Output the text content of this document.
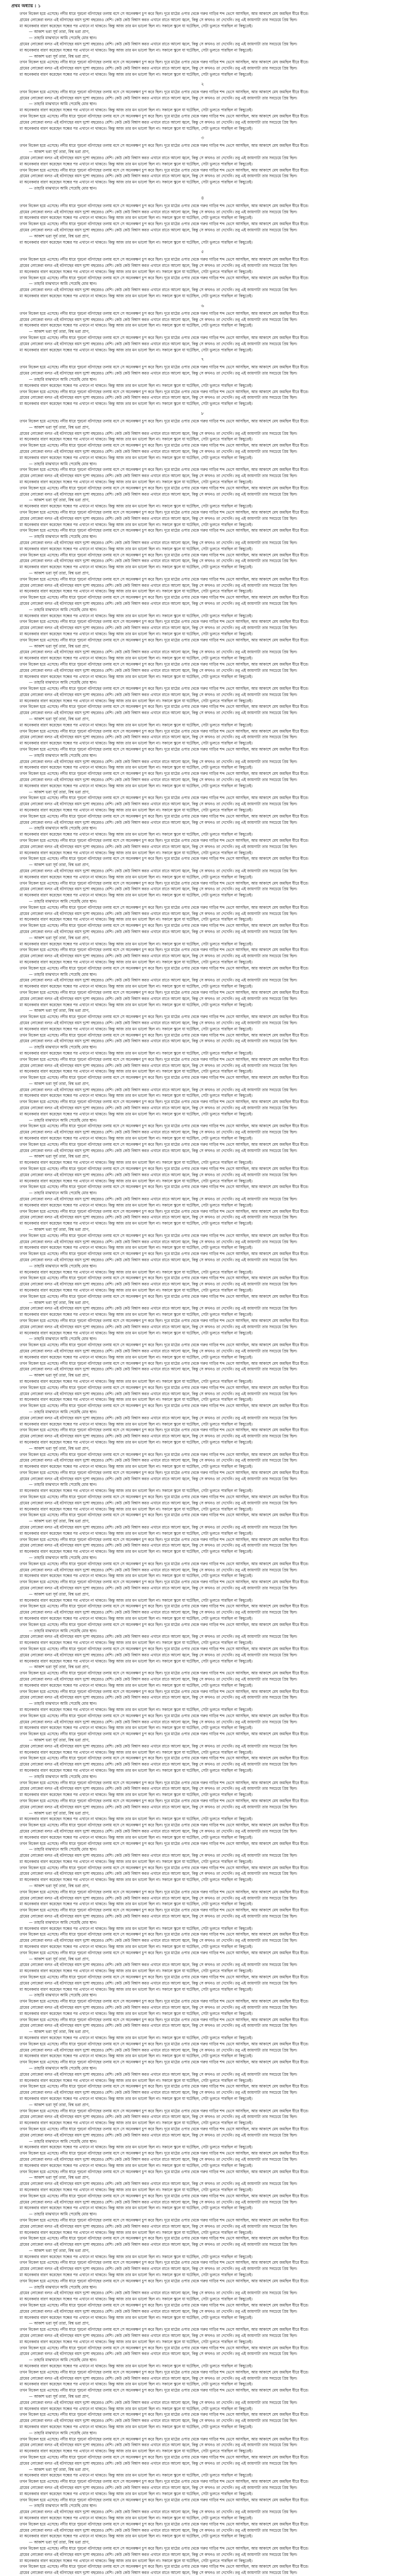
প্রথম অধ্যায় : ১

তখন বিকেল হয়ে এসেছে। নদীর ধারে পুরনো বটগাছের তলায় বসে সে অনেকক্ষণ চুপ করে ছিল। দূরে মাঠের ওপার থেকে গরুর গাড়ির শব্দ ভেসে আসছিল, আর আকাশে মেঘ জমছিল ধীরে ধীরে।

গ্রামের লোকেরা বলত এই বটগাছের বয়স দুশো বছরেরও বেশি। কেউ কেউ বিশ্বাস করত এখানে রাতে আলো জ্বলে, কিন্তু সে কখনও তা দেখেনি। তবু এই জায়গাটা তার সবচেয়ে প্রিয় ছিল।

মা অনেকবার বারণ করেছেন সন্ধের পর এখানে না থাকতে। কিন্তু আজ তার মন ভালো ছিল না। সকালে স্কুলে যা ঘটেছিল, সেটা ভুলতে পারছিল না কিছুতেই।

— আকাশ ভরা সূর্য তারা, বিশ্ব ভরা প্রাণ,

— তাহারি মাঝখানে আমি পেয়েছি মোর স্থান।

গ্রামের লোকেরা বলত এই বটগাছের বয়স দুশো বছরেরও বেশি। কেউ কেউ বিশ্বাস করত এখানে রাতে আলো জ্বলে, কিন্তু সে কখনও তা দেখেনি। তবু এই জায়গাটা তার সবচেয়ে প্রিয় ছিল।

মা অনেকবার বারণ করেছেন সন্ধের পর এখানে না থাকতে। কিন্তু আজ তার মন ভালো ছিল না। সকালে স্কুলে যা ঘটেছিল, সেটা ভুলতে পারছিল না কিছুতেই।

— আকাশ ভরা সূর্য তারা, বিশ্ব ভরা প্রাণ,

তখন বিকেল হয়ে এসেছে। নদীর ধারে পুরনো বটগাছের তলায় বসে সে অনেকক্ষণ চুপ করে ছিল। দূরে মাঠের ওপার থেকে গরুর গাড়ির শব্দ ভেসে আসছিল, আর আকাশে মেঘ জমছিল ধীরে ধীরে।

গ্রামের লোকেরা বলত এই বটগাছের বয়স দুশো বছরেরও বেশি। কেউ কেউ বিশ্বাস করত এখানে রাতে আলো জ্বলে, কিন্তু সে কখনও তা দেখেনি। তবু এই জায়গাটা তার সবচেয়ে প্রিয় ছিল।

মা অনেকবার বারণ করেছেন সন্ধের পর এখানে না থাকতে। কিন্তু আজ তার মন ভালো ছিল না। সকালে স্কুলে যা ঘটেছিল, সেটা ভুলতে পারছিল না কিছুতেই।

২

তখন বিকেল হয়ে এসেছে। নদীর ধারে পুরনো বটগাছের তলায় বসে সে অনেকক্ষণ চুপ করে ছিল। দূরে মাঠের ওপার থেকে গরুর গাড়ির শব্দ ভেসে আসছিল, আর আকাশে মেঘ জমছিল ধীরে ধীরে।

গ্রামের লোকেরা বলত এই বটগাছের বয়স দুশো বছরেরও বেশি। কেউ কেউ বিশ্বাস করত এখানে রাতে আলো জ্বলে, কিন্তু সে কখনও তা দেখেনি। তবু এই জায়গাটা তার সবচেয়ে প্রিয় ছিল।

— তাহারি মাঝখানে আমি পেয়েছি মোর স্থান।

মা অনেকবার বারণ করেছেন সন্ধের পর এখানে না থাকতে। কিন্তু আজ তার মন ভালো ছিল না। সকালে স্কুলে যা ঘটেছিল, সেটা ভুলতে পারছিল না কিছুতেই।

তখন বিকেল হয়ে এসেছে। নদীর ধারে পুরনো বটগাছের তলায় বসে সে অনেকক্ষণ চুপ করে ছিল। দূরে মাঠের ওপার থেকে গরুর গাড়ির শব্দ ভেসে আসছিল, আর আকাশে মেঘ জমছিল ধীরে ধীরে।

গ্রামের লোকেরা বলত এই বটগাছের বয়স দুশো বছরেরও বেশি। কেউ কেউ বিশ্বাস করত এখানে রাতে আলো জ্বলে, কিন্তু সে কখনও তা দেখেনি। তবু এই জায়গাটা তার সবচেয়ে প্রিয় ছিল।

মা অনেকবার বারণ করেছেন সন্ধের পর এখানে না থাকতে। কিন্তু আজ তার মন ভালো ছিল না। সকালে স্কুলে যা ঘটেছিল, সেটা ভুলতে পারছিল না কিছুতেই।

৩

তখন বিকেল হয়ে এসেছে। নদীর ধারে পুরনো বটগাছের তলায় বসে সে অনেকক্ষণ চুপ করে ছিল। দূরে মাঠের ওপার থেকে গরুর গাড়ির শব্দ ভেসে আসছিল, আর আকাশে মেঘ জমছিল ধীরে ধীরে।

— আকাশ ভরা সূর্য তারা, বিশ্ব ভরা প্রাণ,

গ্রামের লোকেরা বলত এই বটগাছের বয়স দুশো বছরেরও বেশি। কেউ কেউ বিশ্বাস করত এখানে রাতে আলো জ্বলে, কিন্তু সে কখনও তা দেখেনি। তবু এই জায়গাটা তার সবচেয়ে প্রিয় ছিল।

মা অনেকবার বারণ করেছেন সন্ধের পর এখানে না থাকতে। কিন্তু আজ তার মন ভালো ছিল না। সকালে স্কুলে যা ঘটেছিল, সেটা ভুলতে পারছিল না কিছুতেই।

তখন বিকেল হয়ে এসেছে। নদীর ধারে পুরনো বটগাছের তলায় বসে সে অনেকক্ষণ চুপ করে ছিল। দূরে মাঠের ওপার থেকে গরুর গাড়ির শব্দ ভেসে আসছিল, আর আকাশে মেঘ জমছিল ধীরে ধীরে।

গ্রামের লোকেরা বলত এই বটগাছের বয়স দুশো বছরেরও বেশি। কেউ কেউ বিশ্বাস করত এখানে রাতে আলো জ্বলে, কিন্তু সে কখনও তা দেখেনি। তবু এই জায়গাটা তার সবচেয়ে প্রিয় ছিল।

মা অনেকবার বারণ করেছেন সন্ধের পর এখানে না থাকতে। কিন্তু আজ তার মন ভালো ছিল না। সকালে স্কুলে যা ঘটেছিল, সেটা ভুলতে পারছিল না কিছুতেই।

— তাহারি মাঝখানে আমি পেয়েছি মোর স্থান।

৪

তখন বিকেল হয়ে এসেছে। নদীর ধারে পুরনো বটগাছের তলায় বসে সে অনেকক্ষণ চুপ করে ছিল। দূরে মাঠের ওপার থেকে গরুর গাড়ির শব্দ ভেসে আসছিল, আর আকাশে মেঘ জমছিল ধীরে ধীরে।

গ্রামের লোকেরা বলত এই বটগাছের বয়স দুশো বছরেরও বেশি। কেউ কেউ বিশ্বাস করত এখানে রাতে আলো জ্বলে, কিন্তু সে কখনও তা দেখেনি। তবু এই জায়গাটা তার সবচেয়ে প্রিয় ছিল।

মা অনেকবার বারণ করেছেন সন্ধের পর এখানে না থাকতে। কিন্তু আজ তার মন ভালো ছিল না। সকালে স্কুলে যা ঘটেছিল, সেটা ভুলতে পারছিল না কিছুতেই।

তখন বিকেল হয়ে এসেছে। নদীর ধারে পুরনো বটগাছের তলায় বসে সে অনেকক্ষণ চুপ করে ছিল। দূরে মাঠের ওপার থেকে গরুর গাড়ির শব্দ ভেসে আসছিল, আর আকাশে মেঘ জমছিল ধীরে ধীরে।

গ্রামের লোকেরা বলত এই বটগাছের বয়স দুশো বছরেরও বেশি। কেউ কেউ বিশ্বাস করত এখানে রাতে আলো জ্বলে, কিন্তু সে কখনও তা দেখেনি। তবু এই জায়গাটা তার সবচেয়ে প্রিয় ছিল।

— আকাশ ভরা সূর্য তারা, বিশ্ব ভরা প্রাণ,

মা অনেকবার বারণ করেছেন সন্ধের পর এখানে না থাকতে। কিন্তু আজ তার মন ভালো ছিল না। সকালে স্কুলে যা ঘটেছিল, সেটা ভুলতে পারছিল না কিছুতেই।

৫

তখন বিকেল হয়ে এসেছে। নদীর ধারে পুরনো বটগাছের তলায় বসে সে অনেকক্ষণ চুপ করে ছিল। দূরে মাঠের ওপার থেকে গরুর গাড়ির শব্দ ভেসে আসছিল, আর আকাশে মেঘ জমছিল ধীরে ধীরে।

গ্রামের লোকেরা বলত এই বটগাছের বয়স দুশো বছরেরও বেশি। কেউ কেউ বিশ্বাস করত এখানে রাতে আলো জ্বলে, কিন্তু সে কখনও তা দেখেনি। তবু এই জায়গাটা তার সবচেয়ে প্রিয় ছিল।

মা অনেকবার বারণ করেছেন সন্ধের পর এখানে না থাকতে। কিন্তু আজ তার মন ভালো ছিল না। সকালে স্কুলে যা ঘটেছিল, সেটা ভুলতে পারছিল না কিছুতেই।

তখন বিকেল হয়ে এসেছে। নদীর ধারে পুরনো বটগাছের তলায় বসে সে অনেকক্ষণ চুপ করে ছিল। দূরে মাঠের ওপার থেকে গরুর গাড়ির শব্দ ভেসে আসছিল, আর আকাশে মেঘ জমছিল ধীরে ধীরে।

— তাহারি মাঝখানে আমি পেয়েছি মোর স্থান।

গ্রামের লোকেরা বলত এই বটগাছের বয়স দুশো বছরেরও বেশি। কেউ কেউ বিশ্বাস করত এখানে রাতে আলো জ্বলে, কিন্তু সে কখনও তা দেখেনি। তবু এই জায়গাটা তার সবচেয়ে প্রিয় ছিল।

মা অনেকবার বারণ করেছেন সন্ধের পর এখানে না থাকতে। কিন্তু আজ তার মন ভালো ছিল না। সকালে স্কুলে যা ঘটেছিল, সেটা ভুলতে পারছিল না কিছুতেই।

৬

তখন বিকেল হয়ে এসেছে। নদীর ধারে পুরনো বটগাছের তলায় বসে সে অনেকক্ষণ চুপ করে ছিল। দূরে মাঠের ওপার থেকে গরুর গাড়ির শব্দ ভেসে আসছিল, আর আকাশে মেঘ জমছিল ধীরে ধীরে।

গ্রামের লোকেরা বলত এই বটগাছের বয়স দুশো বছরেরও বেশি। কেউ কেউ বিশ্বাস করত এখানে রাতে আলো জ্বলে, কিন্তু সে কখনও তা দেখেনি। তবু এই জায়গাটা তার সবচেয়ে প্রিয় ছিল।

মা অনেকবার বারণ করেছেন সন্ধের পর এখানে না থাকতে। কিন্তু আজ তার মন ভালো ছিল না। সকালে স্কুলে যা ঘটেছিল, সেটা ভুলতে পারছিল না কিছুতেই।

— আকাশ ভরা সূর্য তারা, বিশ্ব ভরা প্রাণ,

তখন বিকেল হয়ে এসেছে। নদীর ধারে পুরনো বটগাছের তলায় বসে সে অনেকক্ষণ চুপ করে ছিল। দূরে মাঠের ওপার থেকে গরুর গাড়ির শব্দ ভেসে আসছিল, আর আকাশে মেঘ জমছিল ধীরে ধীরে।

গ্রামের লোকেরা বলত এই বটগাছের বয়স দুশো বছরেরও বেশি। কেউ কেউ বিশ্বাস করত এখানে রাতে আলো জ্বলে, কিন্তু সে কখনও তা দেখেনি। তবু এই জায়গাটা তার সবচেয়ে প্রিয় ছিল।

মা অনেকবার বারণ করেছেন সন্ধের পর এখানে না থাকতে। কিন্তু আজ তার মন ভালো ছিল না। সকালে স্কুলে যা ঘটেছিল, সেটা ভুলতে পারছিল না কিছুতেই।

৭

তখন বিকেল হয়ে এসেছে। নদীর ধারে পুরনো বটগাছের তলায় বসে সে অনেকক্ষণ চুপ করে ছিল। দূরে মাঠের ওপার থেকে গরুর গাড়ির শব্দ ভেসে আসছিল, আর আকাশে মেঘ জমছিল ধীরে ধীরে।

গ্রামের লোকেরা বলত এই বটগাছের বয়স দুশো বছরেরও বেশি। কেউ কেউ বিশ্বাস করত এখানে রাতে আলো জ্বলে, কিন্তু সে কখনও তা দেখেনি। তবু এই জায়গাটা তার সবচেয়ে প্রিয় ছিল।

— তাহারি মাঝখানে আমি পেয়েছি মোর স্থান।

মা অনেকবার বারণ করেছেন সন্ধের পর এখানে না থাকতে। কিন্তু আজ তার মন ভালো ছিল না। সকালে স্কুলে যা ঘটেছিল, সেটা ভুলতে পারছিল না কিছুতেই।

তখন বিকেল হয়ে এসেছে। নদীর ধারে পুরনো বটগাছের তলায় বসে সে অনেকক্ষণ চুপ করে ছিল। দূরে মাঠের ওপার থেকে গরুর গাড়ির শব্দ ভেসে আসছিল, আর আকাশে মেঘ জমছিল ধীরে ধীরে।

গ্রামের লোকেরা বলত এই বটগাছের বয়স দুশো বছরেরও বেশি। কেউ কেউ বিশ্বাস করত এখানে রাতে আলো জ্বলে, কিন্তু সে কখনও তা দেখেনি। তবু এই জায়গাটা তার সবচেয়ে প্রিয় ছিল।

মা অনেকবার বারণ করেছেন সন্ধের পর এখানে না থাকতে। কিন্তু আজ তার মন ভালো ছিল না। সকালে স্কুলে যা ঘটেছিল, সেটা ভুলতে পারছিল না কিছুতেই।

৮

তখন বিকেল হয়ে এসেছে। নদীর ধারে পুরনো বটগাছের তলায় বসে সে অনেকক্ষণ চুপ করে ছিল। দূরে মাঠের ওপার থেকে গরুর গাড়ির শব্দ ভেসে আসছিল, আর আকাশে মেঘ জমছিল ধীরে ধীরে।

— আকাশ ভরা সূর্য তারা, বিশ্ব ভরা প্রাণ,

গ্রামের লোকেরা বলত এই বটগাছের বয়স দুশো বছরেরও বেশি। কেউ কেউ বিশ্বাস করত এখানে রাতে আলো জ্বলে, কিন্তু সে কখনও তা দেখেনি। তবু এই জায়গাটা তার সবচেয়ে প্রিয় ছিল।

মা অনেকবার বারণ করেছেন সন্ধের পর এখানে না থাকতে। কিন্তু আজ তার মন ভালো ছিল না। সকালে স্কুলে যা ঘটেছিল, সেটা ভুলতে পারছিল না কিছুতেই।

তখন বিকেল হয়ে এসেছে। নদীর ধারে পুরনো বটগাছের তলায় বসে সে অনেকক্ষণ চুপ করে ছিল। দূরে মাঠের ওপার থেকে গরুর গাড়ির শব্দ ভেসে আসছিল, আর আকাশে মেঘ জমছিল ধীরে ধীরে।

গ্রামের লোকেরা বলত এই বটগাছের বয়স দুশো বছরেরও বেশি। কেউ কেউ বিশ্বাস করত এখানে রাতে আলো জ্বলে, কিন্তু সে কখনও তা দেখেনি। তবু এই জায়গাটা তার সবচেয়ে প্রিয় ছিল।

মা অনেকবার বারণ করেছেন সন্ধের পর এখানে না থাকতে। কিন্তু আজ তার মন ভালো ছিল না। সকালে স্কুলে যা ঘটেছিল, সেটা ভুলতে পারছিল না কিছুতেই।

— তাহারি মাঝখানে আমি পেয়েছি মোর স্থান।

তখন বিকেল হয়ে এসেছে। নদীর ধারে পুরনো বটগাছের তলায় বসে সে অনেকক্ষণ চুপ করে ছিল। দূরে মাঠের ওপার থেকে গরুর গাড়ির শব্দ ভেসে আসছিল, আর আকাশে মেঘ জমছিল ধীরে ধীরে।

গ্রামের লোকেরা বলত এই বটগাছের বয়স দুশো বছরেরও বেশি। কেউ কেউ বিশ্বাস করত এখানে রাতে আলো জ্বলে, কিন্তু সে কখনও তা দেখেনি। তবু এই জায়গাটা তার সবচেয়ে প্রিয় ছিল।

মা অনেকবার বারণ করেছেন সন্ধের পর এখানে না থাকতে। কিন্তু আজ তার মন ভালো ছিল না। সকালে স্কুলে যা ঘটেছিল, সেটা ভুলতে পারছিল না কিছুতেই।

তখন বিকেল হয়ে এসেছে। নদীর ধারে পুরনো বটগাছের তলায় বসে সে অনেকক্ষণ চুপ করে ছিল। দূরে মাঠের ওপার থেকে গরুর গাড়ির শব্দ ভেসে আসছিল, আর আকাশে মেঘ জমছিল ধীরে ধীরে।

গ্রামের লোকেরা বলত এই বটগাছের বয়স দুশো বছরেরও বেশি। কেউ কেউ বিশ্বাস করত এখানে রাতে আলো জ্বলে, কিন্তু সে কখনও তা দেখেনি। তবু এই জায়গাটা তার সবচেয়ে প্রিয় ছিল।

— আকাশ ভরা সূর্য তারা, বিশ্ব ভরা প্রাণ,

মা অনেকবার বারণ করেছেন সন্ধের পর এখানে না থাকতে। কিন্তু আজ তার মন ভালো ছিল না। সকালে স্কুলে যা ঘটেছিল, সেটা ভুলতে পারছিল না কিছুতেই।

তখন বিকেল হয়ে এসেছে। নদীর ধারে পুরনো বটগাছের তলায় বসে সে অনেকক্ষণ চুপ করে ছিল। দূরে মাঠের ওপার থেকে গরুর গাড়ির শব্দ ভেসে আসছিল, আর আকাশে মেঘ জমছিল ধীরে ধীরে।

গ্রামের লোকেরা বলত এই বটগাছের বয়স দুশো বছরেরও বেশি। কেউ কেউ বিশ্বাস করত এখানে রাতে আলো জ্বলে, কিন্তু সে কখনও তা দেখেনি। তবু এই জায়গাটা তার সবচেয়ে প্রিয় ছিল।

মা অনেকবার বারণ করেছেন সন্ধের পর এখানে না থাকতে। কিন্তু আজ তার মন ভালো ছিল না। সকালে স্কুলে যা ঘটেছিল, সেটা ভুলতে পারছিল না কিছুতেই।

তখন বিকেল হয়ে এসেছে। নদীর ধারে পুরনো বটগাছের তলায় বসে সে অনেকক্ষণ চুপ করে ছিল। দূরে মাঠের ওপার থেকে গরুর গাড়ির শব্দ ভেসে আসছিল, আর আকাশে মেঘ জমছিল ধীরে ধীরে।

— তাহারি মাঝখানে আমি পেয়েছি মোর স্থান।

গ্রামের লোকেরা বলত এই বটগাছের বয়স দুশো বছরেরও বেশি। কেউ কেউ বিশ্বাস করত এখানে রাতে আলো জ্বলে, কিন্তু সে কখনও তা দেখেনি। তবু এই জায়গাটা তার সবচেয়ে প্রিয় ছিল।

মা অনেকবার বারণ করেছেন সন্ধের পর এখানে না থাকতে। কিন্তু আজ তার মন ভালো ছিল না। সকালে স্কুলে যা ঘটেছিল, সেটা ভুলতে পারছিল না কিছুতেই।

তখন বিকেল হয়ে এসেছে। নদীর ধারে পুরনো বটগাছের তলায় বসে সে অনেকক্ষণ চুপ করে ছিল। দূরে মাঠের ওপার থেকে গরুর গাড়ির শব্দ ভেসে আসছিল, আর আকাশে মেঘ জমছিল ধীরে ধীরে।

গ্রামের লোকেরা বলত এই বটগাছের বয়স দুশো বছরেরও বেশি। কেউ কেউ বিশ্বাস করত এখানে রাতে আলো জ্বলে, কিন্তু সে কখনও তা দেখেনি। তবু এই জায়গাটা তার সবচেয়ে প্রিয় ছিল।

মা অনেকবার বারণ করেছেন সন্ধের পর এখানে না থাকতে। কিন্তু আজ তার মন ভালো ছিল না। সকালে স্কুলে যা ঘটেছিল, সেটা ভুলতে পারছিল না কিছুতেই।

— আকাশ ভরা সূর্য তারা, বিশ্ব ভরা প্রাণ,

তখন বিকেল হয়ে এসেছে। নদীর ধারে পুরনো বটগাছের তলায় বসে সে অনেকক্ষণ চুপ করে ছিল। দূরে মাঠের ওপার থেকে গরুর গাড়ির শব্দ ভেসে আসছিল, আর আকাশে মেঘ জমছিল ধীরে ধীরে।

গ্রামের লোকেরা বলত এই বটগাছের বয়স দুশো বছরেরও বেশি। কেউ কেউ বিশ্বাস করত এখানে রাতে আলো জ্বলে, কিন্তু সে কখনও তা দেখেনি। তবু এই জায়গাটা তার সবচেয়ে প্রিয় ছিল।

মা অনেকবার বারণ করেছেন সন্ধের পর এখানে না থাকতে। কিন্তু আজ তার মন ভালো ছিল না। সকালে স্কুলে যা ঘটেছিল, সেটা ভুলতে পারছিল না কিছুতেই।

তখন বিকেল হয়ে এসেছে। নদীর ধারে পুরনো বটগাছের তলায় বসে সে অনেকক্ষণ চুপ করে ছিল। দূরে মাঠের ওপার থেকে গরুর গাড়ির শব্দ ভেসে আসছিল, আর আকাশে মেঘ জমছিল ধীরে ধীরে।

গ্রামের লোকেরা বলত এই বটগাছের বয়স দুশো বছরেরও বেশি। কেউ কেউ বিশ্বাস করত এখানে রাতে আলো জ্বলে, কিন্তু সে কখনও তা দেখেনি। তবু এই জায়গাটা তার সবচেয়ে প্রিয় ছিল।

— তাহারি মাঝখানে আমি পেয়েছি মোর স্থান।

মা অনেকবার বারণ করেছেন সন্ধের পর এখানে না থাকতে। কিন্তু আজ তার মন ভালো ছিল না। সকালে স্কুলে যা ঘটেছিল, সেটা ভুলতে পারছিল না কিছুতেই।

তখন বিকেল হয়ে এসেছে। নদীর ধারে পুরনো বটগাছের তলায় বসে সে অনেকক্ষণ চুপ করে ছিল। দূরে মাঠের ওপার থেকে গরুর গাড়ির শব্দ ভেসে আসছিল, আর আকাশে মেঘ জমছিল ধীরে ধীরে।

গ্রামের লোকেরা বলত এই বটগাছের বয়স দুশো বছরেরও বেশি। কেউ কেউ বিশ্বাস করত এখানে রাতে আলো জ্বলে, কিন্তু সে কখনও তা দেখেনি। তবু এই জায়গাটা তার সবচেয়ে প্রিয় ছিল।

মা অনেকবার বারণ করেছেন সন্ধের পর এখানে না থাকতে। কিন্তু আজ তার মন ভালো ছিল না। সকালে স্কুলে যা ঘটেছিল, সেটা ভুলতে পারছিল না কিছুতেই।

তখন বিকেল হয়ে এসেছে। নদীর ধারে পুরনো বটগাছের তলায় বসে সে অনেকক্ষণ চুপ করে ছিল। দূরে মাঠের ওপার থেকে গরুর গাড়ির শব্দ ভেসে আসছিল, আর আকাশে মেঘ জমছিল ধীরে ধীরে।

— আকাশ ভরা সূর্য তারা, বিশ্ব ভরা প্রাণ,

গ্রামের লোকেরা বলত এই বটগাছের বয়স দুশো বছরেরও বেশি। কেউ কেউ বিশ্বাস করত এখানে রাতে আলো জ্বলে, কিন্তু সে কখনও তা দেখেনি। তবু এই জায়গাটা তার সবচেয়ে প্রিয় ছিল।

মা অনেকবার বারণ করেছেন সন্ধের পর এখানে না থাকতে। কিন্তু আজ তার মন ভালো ছিল না। সকালে স্কুলে যা ঘটেছিল, সেটা ভুলতে পারছিল না কিছুতেই।

তখন বিকেল হয়ে এসেছে। নদীর ধারে পুরনো বটগাছের তলায় বসে সে অনেকক্ষণ চুপ করে ছিল। দূরে মাঠের ওপার থেকে গরুর গাড়ির শব্দ ভেসে আসছিল, আর আকাশে মেঘ জমছিল ধীরে ধীরে।

গ্রামের লোকেরা বলত এই বটগাছের বয়স দুশো বছরেরও বেশি। কেউ কেউ বিশ্বাস করত এখানে রাতে আলো জ্বলে, কিন্তু সে কখনও তা দেখেনি। তবু এই জায়গাটা তার সবচেয়ে প্রিয় ছিল।

মা অনেকবার বারণ করেছেন সন্ধের পর এখানে না থাকতে। কিন্তু আজ তার মন ভালো ছিল না। সকালে স্কুলে যা ঘটেছিল, সেটা ভুলতে পারছিল না কিছুতেই।

— তাহারি মাঝখানে আমি পেয়েছি মোর স্থান।

তখন বিকেল হয়ে এসেছে। নদীর ধারে পুরনো বটগাছের তলায় বসে সে অনেকক্ষণ চুপ করে ছিল। দূরে মাঠের ওপার থেকে গরুর গাড়ির শব্দ ভেসে আসছিল, আর আকাশে মেঘ জমছিল ধীরে ধীরে।

গ্রামের লোকেরা বলত এই বটগাছের বয়স দুশো বছরেরও বেশি। কেউ কেউ বিশ্বাস করত এখানে রাতে আলো জ্বলে, কিন্তু সে কখনও তা দেখেনি। তবু এই জায়গাটা তার সবচেয়ে প্রিয় ছিল।

মা অনেকবার বারণ করেছেন সন্ধের পর এখানে না থাকতে। কিন্তু আজ তার মন ভালো ছিল না। সকালে স্কুলে যা ঘটেছিল, সেটা ভুলতে পারছিল না কিছুতেই।

তখন বিকেল হয়ে এসেছে। নদীর ধারে পুরনো বটগাছের তলায় বসে সে অনেকক্ষণ চুপ করে ছিল। দূরে মাঠের ওপার থেকে গরুর গাড়ির শব্দ ভেসে আসছিল, আর আকাশে মেঘ জমছিল ধীরে ধীরে।

গ্রামের লোকেরা বলত এই বটগাছের বয়স দুশো বছরেরও বেশি। কেউ কেউ বিশ্বাস করত এখানে রাতে আলো জ্বলে, কিন্তু সে কখনও তা দেখেনি। তবু এই জায়গাটা তার সবচেয়ে প্রিয় ছিল।

— আকাশ ভরা সূর্য তারা, বিশ্ব ভরা প্রাণ,

মা অনেকবার বারণ করেছেন সন্ধের পর এখানে না থাকতে। কিন্তু আজ তার মন ভালো ছিল না। সকালে স্কুলে যা ঘটেছিল, সেটা ভুলতে পারছিল না কিছুতেই।

তখন বিকেল হয়ে এসেছে। নদীর ধারে পুরনো বটগাছের তলায় বসে সে অনেকক্ষণ চুপ করে ছিল। দূরে মাঠের ওপার থেকে গরুর গাড়ির শব্দ ভেসে আসছিল, আর আকাশে মেঘ জমছিল ধীরে ধীরে।

গ্রামের লোকেরা বলত এই বটগাছের বয়স দুশো বছরেরও বেশি। কেউ কেউ বিশ্বাস করত এখানে রাতে আলো জ্বলে, কিন্তু সে কখনও তা দেখেনি। তবু এই জায়গাটা তার সবচেয়ে প্রিয় ছিল।

মা অনেকবার বারণ করেছেন সন্ধের পর এখানে না থাকতে। কিন্তু আজ তার মন ভালো ছিল না। সকালে স্কুলে যা ঘটেছিল, সেটা ভুলতে পারছিল না কিছুতেই।

তখন বিকেল হয়ে এসেছে। নদীর ধারে পুরনো বটগাছের তলায় বসে সে অনেকক্ষণ চুপ করে ছিল। দূরে মাঠের ওপার থেকে গরুর গাড়ির শব্দ ভেসে আসছিল, আর আকাশে মেঘ জমছিল ধীরে ধীরে।

— তাহারি মাঝখানে আমি পেয়েছি মোর স্থান।

গ্রামের লোকেরা বলত এই বটগাছের বয়স দুশো বছরেরও বেশি। কেউ কেউ বিশ্বাস করত এখানে রাতে আলো জ্বলে, কিন্তু সে কখনও তা দেখেনি। তবু এই জায়গাটা তার সবচেয়ে প্রিয় ছিল।

মা অনেকবার বারণ করেছেন সন্ধের পর এখানে না থাকতে। কিন্তু আজ তার মন ভালো ছিল না। সকালে স্কুলে যা ঘটেছিল, সেটা ভুলতে পারছিল না কিছুতেই।

তখন বিকেল হয়ে এসেছে। নদীর ধারে পুরনো বটগাছের তলায় বসে সে অনেকক্ষণ চুপ করে ছিল। দূরে মাঠের ওপার থেকে গরুর গাড়ির শব্দ ভেসে আসছিল, আর আকাশে মেঘ জমছিল ধীরে ধীরে।

গ্রামের লোকেরা বলত এই বটগাছের বয়স দুশো বছরেরও বেশি। কেউ কেউ বিশ্বাস করত এখানে রাতে আলো জ্বলে, কিন্তু সে কখনও তা দেখেনি। তবু এই জায়গাটা তার সবচেয়ে প্রিয় ছিল।

মা অনেকবার বারণ করেছেন সন্ধের পর এখানে না থাকতে। কিন্তু আজ তার মন ভালো ছিল না। সকালে স্কুলে যা ঘটেছিল, সেটা ভুলতে পারছিল না কিছুতেই।

— আকাশ ভরা সূর্য তারা, বিশ্ব ভরা প্রাণ,

তখন বিকেল হয়ে এসেছে। নদীর ধারে পুরনো বটগাছের তলায় বসে সে অনেকক্ষণ চুপ করে ছিল। দূরে মাঠের ওপার থেকে গরুর গাড়ির শব্দ ভেসে আসছিল, আর আকাশে মেঘ জমছিল ধীরে ধীরে।

গ্রামের লোকেরা বলত এই বটগাছের বয়স দুশো বছরেরও বেশি। কেউ কেউ বিশ্বাস করত এখানে রাতে আলো জ্বলে, কিন্তু সে কখনও তা দেখেনি। তবু এই জায়গাটা তার সবচেয়ে প্রিয় ছিল।

মা অনেকবার বারণ করেছেন সন্ধের পর এখানে না থাকতে। কিন্তু আজ তার মন ভালো ছিল না। সকালে স্কুলে যা ঘটেছিল, সেটা ভুলতে পারছিল না কিছুতেই।

তখন বিকেল হয়ে এসেছে। নদীর ধারে পুরনো বটগাছের তলায় বসে সে অনেকক্ষণ চুপ করে ছিল। দূরে মাঠের ওপার থেকে গরুর গাড়ির শব্দ ভেসে আসছিল, আর আকাশে মেঘ জমছিল ধীরে ধীরে।

গ্রামের লোকেরা বলত এই বটগাছের বয়স দুশো বছরেরও বেশি। কেউ কেউ বিশ্বাস করত এখানে রাতে আলো জ্বলে, কিন্তু সে কখনও তা দেখেনি। তবু এই জায়গাটা তার সবচেয়ে প্রিয় ছিল।

— তাহারি মাঝখানে আমি পেয়েছি মোর স্থান।

মা অনেকবার বারণ করেছেন সন্ধের পর এখানে না থাকতে। কিন্তু আজ তার মন ভালো ছিল না। সকালে স্কুলে যা ঘটেছিল, সেটা ভুলতে পারছিল না কিছুতেই।

তখন বিকেল হয়ে এসেছে। নদীর ধারে পুরনো বটগাছের তলায় বসে সে অনেকক্ষণ চুপ করে ছিল। দূরে মাঠের ওপার থেকে গরুর গাড়ির শব্দ ভেসে আসছিল, আর আকাশে মেঘ জমছিল ধীরে ধীরে।

গ্রামের লোকেরা বলত এই বটগাছের বয়স দুশো বছরেরও বেশি। কেউ কেউ বিশ্বাস করত এখানে রাতে আলো জ্বলে, কিন্তু সে কখনও তা দেখেনি। তবু এই জায়গাটা তার সবচেয়ে প্রিয় ছিল।

মা অনেকবার বারণ করেছেন সন্ধের পর এখানে না থাকতে। কিন্তু আজ তার মন ভালো ছিল না। সকালে স্কুলে যা ঘটেছিল, সেটা ভুলতে পারছিল না কিছুতেই।

তখন বিকেল হয়ে এসেছে। নদীর ধারে পুরনো বটগাছের তলায় বসে সে অনেকক্ষণ চুপ করে ছিল। দূরে মাঠের ওপার থেকে গরুর গাড়ির শব্দ ভেসে আসছিল, আর আকাশে মেঘ জমছিল ধীরে ধীরে।

— আকাশ ভরা সূর্য তারা, বিশ্ব ভরা প্রাণ,

গ্রামের লোকেরা বলত এই বটগাছের বয়স দুশো বছরেরও বেশি। কেউ কেউ বিশ্বাস করত এখানে রাতে আলো জ্বলে, কিন্তু সে কখনও তা দেখেনি। তবু এই জায়গাটা তার সবচেয়ে প্রিয় ছিল।

মা অনেকবার বারণ করেছেন সন্ধের পর এখানে না থাকতে। কিন্তু আজ তার মন ভালো ছিল না। সকালে স্কুলে যা ঘটেছিল, সেটা ভুলতে পারছিল না কিছুতেই।

তখন বিকেল হয়ে এসেছে। নদীর ধারে পুরনো বটগাছের তলায় বসে সে অনেকক্ষণ চুপ করে ছিল। দূরে মাঠের ওপার থেকে গরুর গাড়ির শব্দ ভেসে আসছিল, আর আকাশে মেঘ জমছিল ধীরে ধীরে।

গ্রামের লোকেরা বলত এই বটগাছের বয়স দুশো বছরেরও বেশি। কেউ কেউ বিশ্বাস করত এখানে রাতে আলো জ্বলে, কিন্তু সে কখনও তা দেখেনি। তবু এই জায়গাটা তার সবচেয়ে প্রিয় ছিল।

মা অনেকবার বারণ করেছেন সন্ধের পর এখানে না থাকতে। কিন্তু আজ তার মন ভালো ছিল না। সকালে স্কুলে যা ঘটেছিল, সেটা ভুলতে পারছিল না কিছুতেই।

— তাহারি মাঝখানে আমি পেয়েছি মোর স্থান।

তখন বিকেল হয়ে এসেছে। নদীর ধারে পুরনো বটগাছের তলায় বসে সে অনেকক্ষণ চুপ করে ছিল। দূরে মাঠের ওপার থেকে গরুর গাড়ির শব্দ ভেসে আসছিল, আর আকাশে মেঘ জমছিল ধীরে ধীরে।

গ্রামের লোকেরা বলত এই বটগাছের বয়স দুশো বছরেরও বেশি। কেউ কেউ বিশ্বাস করত এখানে রাতে আলো জ্বলে, কিন্তু সে কখনও তা দেখেনি। তবু এই জায়গাটা তার সবচেয়ে প্রিয় ছিল।

মা অনেকবার বারণ করেছেন সন্ধের পর এখানে না থাকতে। কিন্তু আজ তার মন ভালো ছিল না। সকালে স্কুলে যা ঘটেছিল, সেটা ভুলতে পারছিল না কিছুতেই।

তখন বিকেল হয়ে এসেছে। নদীর ধারে পুরনো বটগাছের তলায় বসে সে অনেকক্ষণ চুপ করে ছিল। দূরে মাঠের ওপার থেকে গরুর গাড়ির শব্দ ভেসে আসছিল, আর আকাশে মেঘ জমছিল ধীরে ধীরে।

গ্রামের লোকেরা বলত এই বটগাছের বয়স দুশো বছরেরও বেশি। কেউ কেউ বিশ্বাস করত এখানে রাতে আলো জ্বলে, কিন্তু সে কখনও তা দেখেনি। তবু এই জায়গাটা তার সবচেয়ে প্রিয় ছিল।

— আকাশ ভরা সূর্য তারা, বিশ্ব ভরা প্রাণ,

মা অনেকবার বারণ করেছেন সন্ধের পর এখানে না থাকতে। কিন্তু আজ তার মন ভালো ছিল না। সকালে স্কুলে যা ঘটেছিল, সেটা ভুলতে পারছিল না কিছুতেই।

তখন বিকেল হয়ে এসেছে। নদীর ধারে পুরনো বটগাছের তলায় বসে সে অনেকক্ষণ চুপ করে ছিল। দূরে মাঠের ওপার থেকে গরুর গাড়ির শব্দ ভেসে আসছিল, আর আকাশে মেঘ জমছিল ধীরে ধীরে।

গ্রামের লোকেরা বলত এই বটগাছের বয়স দুশো বছরেরও বেশি। কেউ কেউ বিশ্বাস করত এখানে রাতে আলো জ্বলে, কিন্তু সে কখনও তা দেখেনি। তবু এই জায়গাটা তার সবচেয়ে প্রিয় ছিল।

মা অনেকবার বারণ করেছেন সন্ধের পর এখানে না থাকতে। কিন্তু আজ তার মন ভালো ছিল না। সকালে স্কুলে যা ঘটেছিল, সেটা ভুলতে পারছিল না কিছুতেই।

তখন বিকেল হয়ে এসেছে। নদীর ধারে পুরনো বটগাছের তলায় বসে সে অনেকক্ষণ চুপ করে ছিল। দূরে মাঠের ওপার থেকে গরুর গাড়ির শব্দ ভেসে আসছিল, আর আকাশে মেঘ জমছিল ধীরে ধীরে।

— তাহারি মাঝখানে আমি পেয়েছি মোর স্থান।

গ্রামের লোকেরা বলত এই বটগাছের বয়স দুশো বছরেরও বেশি। কেউ কেউ বিশ্বাস করত এখানে রাতে আলো জ্বলে, কিন্তু সে কখনও তা দেখেনি। তবু এই জায়গাটা তার সবচেয়ে প্রিয় ছিল।

মা অনেকবার বারণ করেছেন সন্ধের পর এখানে না থাকতে। কিন্তু আজ তার মন ভালো ছিল না। সকালে স্কুলে যা ঘটেছিল, সেটা ভুলতে পারছিল না কিছুতেই।

তখন বিকেল হয়ে এসেছে। নদীর ধারে পুরনো বটগাছের তলায় বসে সে অনেকক্ষণ চুপ করে ছিল। দূরে মাঠের ওপার থেকে গরুর গাড়ির শব্দ ভেসে আসছিল, আর আকাশে মেঘ জমছিল ধীরে ধীরে।

গ্রামের লোকেরা বলত এই বটগাছের বয়স দুশো বছরেরও বেশি। কেউ কেউ বিশ্বাস করত এখানে রাতে আলো জ্বলে, কিন্তু সে কখনও তা দেখেনি। তবু এই জায়গাটা তার সবচেয়ে প্রিয় ছিল।

মা অনেকবার বারণ করেছেন সন্ধের পর এখানে না থাকতে। কিন্তু আজ তার মন ভালো ছিল না। সকালে স্কুলে যা ঘটেছিল, সেটা ভুলতে পারছিল না কিছুতেই।

— আকাশ ভরা সূর্য তারা, বিশ্ব ভরা প্রাণ,

তখন বিকেল হয়ে এসেছে। নদীর ধারে পুরনো বটগাছের তলায় বসে সে অনেকক্ষণ চুপ করে ছিল। দূরে মাঠের ওপার থেকে গরুর গাড়ির শব্দ ভেসে আসছিল, আর আকাশে মেঘ জমছিল ধীরে ধীরে।

গ্রামের লোকেরা বলত এই বটগাছের বয়স দুশো বছরেরও বেশি। কেউ কেউ বিশ্বাস করত এখানে রাতে আলো জ্বলে, কিন্তু সে কখনও তা দেখেনি। তবু এই জায়গাটা তার সবচেয়ে প্রিয় ছিল।

মা অনেকবার বারণ করেছেন সন্ধের পর এখানে না থাকতে। কিন্তু আজ তার মন ভালো ছিল না। সকালে স্কুলে যা ঘটেছিল, সেটা ভুলতে পারছিল না কিছুতেই।

তখন বিকেল হয়ে এসেছে। নদীর ধারে পুরনো বটগাছের তলায় বসে সে অনেকক্ষণ চুপ করে ছিল। দূরে মাঠের ওপার থেকে গরুর গাড়ির শব্দ ভেসে আসছিল, আর আকাশে মেঘ জমছিল ধীরে ধীরে।

গ্রামের লোকেরা বলত এই বটগাছের বয়স দুশো বছরেরও বেশি। কেউ কেউ বিশ্বাস করত এখানে রাতে আলো জ্বলে, কিন্তু সে কখনও তা দেখেনি। তবু এই জায়গাটা তার সবচেয়ে প্রিয় ছিল।

— তাহারি মাঝখানে আমি পেয়েছি মোর স্থান।

মা অনেকবার বারণ করেছেন সন্ধের পর এখানে না থাকতে। কিন্তু আজ তার মন ভালো ছিল না। সকালে স্কুলে যা ঘটেছিল, সেটা ভুলতে পারছিল না কিছুতেই।

তখন বিকেল হয়ে এসেছে। নদীর ধারে পুরনো বটগাছের তলায় বসে সে অনেকক্ষণ চুপ করে ছিল। দূরে মাঠের ওপার থেকে গরুর গাড়ির শব্দ ভেসে আসছিল, আর আকাশে মেঘ জমছিল ধীরে ধীরে।

গ্রামের লোকেরা বলত এই বটগাছের বয়স দুশো বছরেরও বেশি। কেউ কেউ বিশ্বাস করত এখানে রাতে আলো জ্বলে, কিন্তু সে কখনও তা দেখেনি। তবু এই জায়গাটা তার সবচেয়ে প্রিয় ছিল।

মা অনেকবার বারণ করেছেন সন্ধের পর এখানে না থাকতে। কিন্তু আজ তার মন ভালো ছিল না। সকালে স্কুলে যা ঘটেছিল, সেটা ভুলতে পারছিল না কিছুতেই।

তখন বিকেল হয়ে এসেছে। নদীর ধারে পুরনো বটগাছের তলায় বসে সে অনেকক্ষণ চুপ করে ছিল। দূরে মাঠের ওপার থেকে গরুর গাড়ির শব্দ ভেসে আসছিল, আর আকাশে মেঘ জমছিল ধীরে ধীরে।

— আকাশ ভরা সূর্য তারা, বিশ্ব ভরা প্রাণ,

গ্রামের লোকেরা বলত এই বটগাছের বয়স দুশো বছরেরও বেশি। কেউ কেউ বিশ্বাস করত এখানে রাতে আলো জ্বলে, কিন্তু সে কখনও তা দেখেনি। তবু এই জায়গাটা তার সবচেয়ে প্রিয় ছিল।

মা অনেকবার বারণ করেছেন সন্ধের পর এখানে না থাকতে। কিন্তু আজ তার মন ভালো ছিল না। সকালে স্কুলে যা ঘটেছিল, সেটা ভুলতে পারছিল না কিছুতেই।

তখন বিকেল হয়ে এসেছে। নদীর ধারে পুরনো বটগাছের তলায় বসে সে অনেকক্ষণ চুপ করে ছিল। দূরে মাঠের ওপার থেকে গরুর গাড়ির শব্দ ভেসে আসছিল, আর আকাশে মেঘ জমছিল ধীরে ধীরে।

গ্রামের লোকেরা বলত এই বটগাছের বয়স দুশো বছরেরও বেশি। কেউ কেউ বিশ্বাস করত এখানে রাতে আলো জ্বলে, কিন্তু সে কখনও তা দেখেনি। তবু এই জায়গাটা তার সবচেয়ে প্রিয় ছিল।

মা অনেকবার বারণ করেছেন সন্ধের পর এখানে না থাকতে। কিন্তু আজ তার মন ভালো ছিল না। সকালে স্কুলে যা ঘটেছিল, সেটা ভুলতে পারছিল না কিছুতেই।

— তাহারি মাঝখানে আমি পেয়েছি মোর স্থান।

তখন বিকেল হয়ে এসেছে। নদীর ধারে পুরনো বটগাছের তলায় বসে সে অনেকক্ষণ চুপ করে ছিল। দূরে মাঠের ওপার থেকে গরুর গাড়ির শব্দ ভেসে আসছিল, আর আকাশে মেঘ জমছিল ধীরে ধীরে।

গ্রামের লোকেরা বলত এই বটগাছের বয়স দুশো বছরেরও বেশি। কেউ কেউ বিশ্বাস করত এখানে রাতে আলো জ্বলে, কিন্তু সে কখনও তা দেখেনি। তবু এই জায়গাটা তার সবচেয়ে প্রিয় ছিল।

মা অনেকবার বারণ করেছেন সন্ধের পর এখানে না থাকতে। কিন্তু আজ তার মন ভালো ছিল না। সকালে স্কুলে যা ঘটেছিল, সেটা ভুলতে পারছিল না কিছুতেই।

তখন বিকেল হয়ে এসেছে। নদীর ধারে পুরনো বটগাছের তলায় বসে সে অনেকক্ষণ চুপ করে ছিল। দূরে মাঠের ওপার থেকে গরুর গাড়ির শব্দ ভেসে আসছিল, আর আকাশে মেঘ জমছিল ধীরে ধীরে।

গ্রামের লোকেরা বলত এই বটগাছের বয়স দুশো বছরেরও বেশি। কেউ কেউ বিশ্বাস করত এখানে রাতে আলো জ্বলে, কিন্তু সে কখনও তা দেখেনি। তবু এই জায়গাটা তার সবচেয়ে প্রিয় ছিল।

— আকাশ ভরা সূর্য তারা, বিশ্ব ভরা প্রাণ,

মা অনেকবার বারণ করেছেন সন্ধের পর এখানে না থাকতে। কিন্তু আজ তার মন ভালো ছিল না। সকালে স্কুলে যা ঘটেছিল, সেটা ভুলতে পারছিল না কিছুতেই।

তখন বিকেল হয়ে এসেছে। নদীর ধারে পুরনো বটগাছের তলায় বসে সে অনেকক্ষণ চুপ করে ছিল। দূরে মাঠের ওপার থেকে গরুর গাড়ির শব্দ ভেসে আসছিল, আর আকাশে মেঘ জমছিল ধীরে ধীরে।

গ্রামের লোকেরা বলত এই বটগাছের বয়স দুশো বছরেরও বেশি। কেউ কেউ বিশ্বাস করত এখানে রাতে আলো জ্বলে, কিন্তু সে কখনও তা দেখেনি। তবু এই জায়গাটা তার সবচেয়ে প্রিয় ছিল।

মা অনেকবার বারণ করেছেন সন্ধের পর এখানে না থাকতে। কিন্তু আজ তার মন ভালো ছিল না। সকালে স্কুলে যা ঘটেছিল, সেটা ভুলতে পারছিল না কিছুতেই।

তখন বিকেল হয়ে এসেছে। নদীর ধারে পুরনো বটগাছের তলায় বসে সে অনেকক্ষণ চুপ করে ছিল। দূরে মাঠের ওপার থেকে গরুর গাড়ির শব্দ ভেসে আসছিল, আর আকাশে মেঘ জমছিল ধীরে ধীরে।

— তাহারি মাঝখানে আমি পেয়েছি মোর স্থান।

গ্রামের লোকেরা বলত এই বটগাছের বয়স দুশো বছরেরও বেশি। কেউ কেউ বিশ্বাস করত এখানে রাতে আলো জ্বলে, কিন্তু সে কখনও তা দেখেনি। তবু এই জায়গাটা তার সবচেয়ে প্রিয় ছিল।

মা অনেকবার বারণ করেছেন সন্ধের পর এখানে না থাকতে। কিন্তু আজ তার মন ভালো ছিল না। সকালে স্কুলে যা ঘটেছিল, সেটা ভুলতে পারছিল না কিছুতেই।

তখন বিকেল হয়ে এসেছে। নদীর ধারে পুরনো বটগাছের তলায় বসে সে অনেকক্ষণ চুপ করে ছিল। দূরে মাঠের ওপার থেকে গরুর গাড়ির শব্দ ভেসে আসছিল, আর আকাশে মেঘ জমছিল ধীরে ধীরে।

গ্রামের লোকেরা বলত এই বটগাছের বয়স দুশো বছরেরও বেশি। কেউ কেউ বিশ্বাস করত এখানে রাতে আলো জ্বলে, কিন্তু সে কখনও তা দেখেনি। তবু এই জায়গাটা তার সবচেয়ে প্রিয় ছিল।

মা অনেকবার বারণ করেছেন সন্ধের পর এখানে না থাকতে। কিন্তু আজ তার মন ভালো ছিল না। সকালে স্কুলে যা ঘটেছিল, সেটা ভুলতে পারছিল না কিছুতেই।

— আকাশ ভরা সূর্য তারা, বিশ্ব ভরা প্রাণ,

তখন বিকেল হয়ে এসেছে। নদীর ধারে পুরনো বটগাছের তলায় বসে সে অনেকক্ষণ চুপ করে ছিল। দূরে মাঠের ওপার থেকে গরুর গাড়ির শব্দ ভেসে আসছিল, আর আকাশে মেঘ জমছিল ধীরে ধীরে।

গ্রামের লোকেরা বলত এই বটগাছের বয়স দুশো বছরেরও বেশি। কেউ কেউ বিশ্বাস করত এখানে রাতে আলো জ্বলে, কিন্তু সে কখনও তা দেখেনি। তবু এই জায়গাটা তার সবচেয়ে প্রিয় ছিল।

মা অনেকবার বারণ করেছেন সন্ধের পর এখানে না থাকতে। কিন্তু আজ তার মন ভালো ছিল না। সকালে স্কুলে যা ঘটেছিল, সেটা ভুলতে পারছিল না কিছুতেই।

তখন বিকেল হয়ে এসেছে। নদীর ধারে পুরনো বটগাছের তলায় বসে সে অনেকক্ষণ চুপ করে ছিল। দূরে মাঠের ওপার থেকে গরুর গাড়ির শব্দ ভেসে আসছিল, আর আকাশে মেঘ জমছিল ধীরে ধীরে।

গ্রামের লোকেরা বলত এই বটগাছের বয়স দুশো বছরেরও বেশি। কেউ কেউ বিশ্বাস করত এখানে রাতে আলো জ্বলে, কিন্তু সে কখনও তা দেখেনি। তবু এই জায়গাটা তার সবচেয়ে প্রিয় ছিল।

— তাহারি মাঝখানে আমি পেয়েছি মোর স্থান।

মা অনেকবার বারণ করেছেন সন্ধের পর এখানে না থাকতে। কিন্তু আজ তার মন ভালো ছিল না। সকালে স্কুলে যা ঘটেছিল, সেটা ভুলতে পারছিল না কিছুতেই।

তখন বিকেল হয়ে এসেছে। নদীর ধারে পুরনো বটগাছের তলায় বসে সে অনেকক্ষণ চুপ করে ছিল। দূরে মাঠের ওপার থেকে গরুর গাড়ির শব্দ ভেসে আসছিল, আর আকাশে মেঘ জমছিল ধীরে ধীরে।

গ্রামের লোকেরা বলত এই বটগাছের বয়স দুশো বছরেরও বেশি। কেউ কেউ বিশ্বাস করত এখানে রাতে আলো জ্বলে, কিন্তু সে কখনও তা দেখেনি। তবু এই জায়গাটা তার সবচেয়ে প্রিয় ছিল।

মা অনেকবার বারণ করেছেন সন্ধের পর এখানে না থাকতে। কিন্তু আজ তার মন ভালো ছিল না। সকালে স্কুলে যা ঘটেছিল, সেটা ভুলতে পারছিল না কিছুতেই।

তখন বিকেল হয়ে এসেছে। নদীর ধারে পুরনো বটগাছের তলায় বসে সে অনেকক্ষণ চুপ করে ছিল। দূরে মাঠের ওপার থেকে গরুর গাড়ির শব্দ ভেসে আসছিল, আর আকাশে মেঘ জমছিল ধীরে ধীরে।

— আকাশ ভরা সূর্য তারা, বিশ্ব ভরা প্রাণ,

গ্রামের লোকেরা বলত এই বটগাছের বয়স দুশো বছরেরও বেশি। কেউ কেউ বিশ্বাস করত এখানে রাতে আলো জ্বলে, কিন্তু সে কখনও তা দেখেনি। তবু এই জায়গাটা তার সবচেয়ে প্রিয় ছিল।

মা অনেকবার বারণ করেছেন সন্ধের পর এখানে না থাকতে। কিন্তু আজ তার মন ভালো ছিল না। সকালে স্কুলে যা ঘটেছিল, সেটা ভুলতে পারছিল না কিছুতেই।

তখন বিকেল হয়ে এসেছে। নদীর ধারে পুরনো বটগাছের তলায় বসে সে অনেকক্ষণ চুপ করে ছিল। দূরে মাঠের ওপার থেকে গরুর গাড়ির শব্দ ভেসে আসছিল, আর আকাশে মেঘ জমছিল ধীরে ধীরে।

গ্রামের লোকেরা বলত এই বটগাছের বয়স দুশো বছরেরও বেশি। কেউ কেউ বিশ্বাস করত এখানে রাতে আলো জ্বলে, কিন্তু সে কখনও তা দেখেনি। তবু এই জায়গাটা তার সবচেয়ে প্রিয় ছিল।

মা অনেকবার বারণ করেছেন সন্ধের পর এখানে না থাকতে। কিন্তু আজ তার মন ভালো ছিল না। সকালে স্কুলে যা ঘটেছিল, সেটা ভুলতে পারছিল না কিছুতেই।

— তাহারি মাঝখানে আমি পেয়েছি মোর স্থান।

তখন বিকেল হয়ে এসেছে। নদীর ধারে পুরনো বটগাছের তলায় বসে সে অনেকক্ষণ চুপ করে ছিল। দূরে মাঠের ওপার থেকে গরুর গাড়ির শব্দ ভেসে আসছিল, আর আকাশে মেঘ জমছিল ধীরে ধীরে।

গ্রামের লোকেরা বলত এই বটগাছের বয়স দুশো বছরেরও বেশি। কেউ কেউ বিশ্বাস করত এখানে রাতে আলো জ্বলে, কিন্তু সে কখনও তা দেখেনি। তবু এই জায়গাটা তার সবচেয়ে প্রিয় ছিল।

মা অনেকবার বারণ করেছেন সন্ধের পর এখানে না থাকতে। কিন্তু আজ তার মন ভালো ছিল না। সকালে স্কুলে যা ঘটেছিল, সেটা ভুলতে পারছিল না কিছুতেই।

তখন বিকেল হয়ে এসেছে। নদীর ধারে পুরনো বটগাছের তলায় বসে সে অনেকক্ষণ চুপ করে ছিল। দূরে মাঠের ওপার থেকে গরুর গাড়ির শব্দ ভেসে আসছিল, আর আকাশে মেঘ জমছিল ধীরে ধীরে।

গ্রামের লোকেরা বলত এই বটগাছের বয়স দুশো বছরেরও বেশি। কেউ কেউ বিশ্বাস করত এখানে রাতে আলো জ্বলে, কিন্তু সে কখনও তা দেখেনি। তবু এই জায়গাটা তার সবচেয়ে প্রিয় ছিল।

— আকাশ ভরা সূর্য তারা, বিশ্ব ভরা প্রাণ,

মা অনেকবার বারণ করেছেন সন্ধের পর এখানে না থাকতে। কিন্তু আজ তার মন ভালো ছিল না। সকালে স্কুলে যা ঘটেছিল, সেটা ভুলতে পারছিল না কিছুতেই।

তখন বিকেল হয়ে এসেছে। নদীর ধারে পুরনো বটগাছের তলায় বসে সে অনেকক্ষণ চুপ করে ছিল। দূরে মাঠের ওপার থেকে গরুর গাড়ির শব্দ ভেসে আসছিল, আর আকাশে মেঘ জমছিল ধীরে ধীরে।

গ্রামের লোকেরা বলত এই বটগাছের বয়স দুশো বছরেরও বেশি। কেউ কেউ বিশ্বাস করত এখানে রাতে আলো জ্বলে, কিন্তু সে কখনও তা দেখেনি। তবু এই জায়গাটা তার সবচেয়ে প্রিয় ছিল।

মা অনেকবার বারণ করেছেন সন্ধের পর এখানে না থাকতে। কিন্তু আজ তার মন ভালো ছিল না। সকালে স্কুলে যা ঘটেছিল, সেটা ভুলতে পারছিল না কিছুতেই।

তখন বিকেল হয়ে এসেছে। নদীর ধারে পুরনো বটগাছের তলায় বসে সে অনেকক্ষণ চুপ করে ছিল। দূরে মাঠের ওপার থেকে গরুর গাড়ির শব্দ ভেসে আসছিল, আর আকাশে মেঘ জমছিল ধীরে ধীরে।

— তাহারি মাঝখানে আমি পেয়েছি মোর স্থান।

গ্রামের লোকেরা বলত এই বটগাছের বয়স দুশো বছরেরও বেশি। কেউ কেউ বিশ্বাস করত এখানে রাতে আলো জ্বলে, কিন্তু সে কখনও তা দেখেনি। তবু এই জায়গাটা তার সবচেয়ে প্রিয় ছিল।

মা অনেকবার বারণ করেছেন সন্ধের পর এখানে না থাকতে। কিন্তু আজ তার মন ভালো ছিল না। সকালে স্কুলে যা ঘটেছিল, সেটা ভুলতে পারছিল না কিছুতেই।

তখন বিকেল হয়ে এসেছে। নদীর ধারে পুরনো বটগাছের তলায় বসে সে অনেকক্ষণ চুপ করে ছিল। দূরে মাঠের ওপার থেকে গরুর গাড়ির শব্দ ভেসে আসছিল, আর আকাশে মেঘ জমছিল ধীরে ধীরে।

গ্রামের লোকেরা বলত এই বটগাছের বয়স দুশো বছরেরও বেশি। কেউ কেউ বিশ্বাস করত এখানে রাতে আলো জ্বলে, কিন্তু সে কখনও তা দেখেনি। তবু এই জায়গাটা তার সবচেয়ে প্রিয় ছিল।

মা অনেকবার বারণ করেছেন সন্ধের পর এখানে না থাকতে। কিন্তু আজ তার মন ভালো ছিল না। সকালে স্কুলে যা ঘটেছিল, সেটা ভুলতে পারছিল না কিছুতেই।

— আকাশ ভরা সূর্য তারা, বিশ্ব ভরা প্রাণ,

তখন বিকেল হয়ে এসেছে। নদীর ধারে পুরনো বটগাছের তলায় বসে সে অনেকক্ষণ চুপ করে ছিল। দূরে মাঠের ওপার থেকে গরুর গাড়ির শব্দ ভেসে আসছিল, আর আকাশে মেঘ জমছিল ধীরে ধীরে।

গ্রামের লোকেরা বলত এই বটগাছের বয়স দুশো বছরেরও বেশি। কেউ কেউ বিশ্বাস করত এখানে রাতে আলো জ্বলে, কিন্তু সে কখনও তা দেখেনি। তবু এই জায়গাটা তার সবচেয়ে প্রিয় ছিল।

মা অনেকবার বারণ করেছেন সন্ধের পর এখানে না থাকতে। কিন্তু আজ তার মন ভালো ছিল না। সকালে স্কুলে যা ঘটেছিল, সেটা ভুলতে পারছিল না কিছুতেই।

তখন বিকেল হয়ে এসেছে। নদীর ধারে পুরনো বটগাছের তলায় বসে সে অনেকক্ষণ চুপ করে ছিল। দূরে মাঠের ওপার থেকে গরুর গাড়ির শব্দ ভেসে আসছিল, আর আকাশে মেঘ জমছিল ধীরে ধীরে।

গ্রামের লোকেরা বলত এই বটগাছের বয়স দুশো বছরেরও বেশি। কেউ কেউ বিশ্বাস করত এখানে রাতে আলো জ্বলে, কিন্তু সে কখনও তা দেখেনি। তবু এই জায়গাটা তার সবচেয়ে প্রিয় ছিল।

— তাহারি মাঝখানে আমি পেয়েছি মোর স্থান।

মা অনেকবার বারণ করেছেন সন্ধের পর এখানে না থাকতে। কিন্তু আজ তার মন ভালো ছিল না। সকালে স্কুলে যা ঘটেছিল, সেটা ভুলতে পারছিল না কিছুতেই।

তখন বিকেল হয়ে এসেছে। নদীর ধারে পুরনো বটগাছের তলায় বসে সে অনেকক্ষণ চুপ করে ছিল। দূরে মাঠের ওপার থেকে গরুর গাড়ির শব্দ ভেসে আসছিল, আর আকাশে মেঘ জমছিল ধীরে ধীরে।

গ্রামের লোকেরা বলত এই বটগাছের বয়স দুশো বছরেরও বেশি। কেউ কেউ বিশ্বাস করত এখানে রাতে আলো জ্বলে, কিন্তু সে কখনও তা দেখেনি। তবু এই জায়গাটা তার সবচেয়ে প্রিয় ছিল।

মা অনেকবার বারণ করেছেন সন্ধের পর এখানে না থাকতে। কিন্তু আজ তার মন ভালো ছিল না। সকালে স্কুলে যা ঘটেছিল, সেটা ভুলতে পারছিল না কিছুতেই।

তখন বিকেল হয়ে এসেছে। নদীর ধারে পুরনো বটগাছের তলায় বসে সে অনেকক্ষণ চুপ করে ছিল। দূরে মাঠের ওপার থেকে গরুর গাড়ির শব্দ ভেসে আসছিল, আর আকাশে মেঘ জমছিল ধীরে ধীরে।

— আকাশ ভরা সূর্য তারা, বিশ্ব ভরা প্রাণ,

গ্রামের লোকেরা বলত এই বটগাছের বয়স দুশো বছরেরও বেশি। কেউ কেউ বিশ্বাস করত এখানে রাতে আলো জ্বলে, কিন্তু সে কখনও তা দেখেনি। তবু এই জায়গাটা তার সবচেয়ে প্রিয় ছিল।

মা অনেকবার বারণ করেছেন সন্ধের পর এখানে না থাকতে। কিন্তু আজ তার মন ভালো ছিল না। সকালে স্কুলে যা ঘটেছিল, সেটা ভুলতে পারছিল না কিছুতেই।

তখন বিকেল হয়ে এসেছে। নদীর ধারে পুরনো বটগাছের তলায় বসে সে অনেকক্ষণ চুপ করে ছিল। দূরে মাঠের ওপার থেকে গরুর গাড়ির শব্দ ভেসে আসছিল, আর আকাশে মেঘ জমছিল ধীরে ধীরে।

গ্রামের লোকেরা বলত এই বটগাছের বয়স দুশো বছরেরও বেশি। কেউ কেউ বিশ্বাস করত এখানে রাতে আলো জ্বলে, কিন্তু সে কখনও তা দেখেনি। তবু এই জায়গাটা তার সবচেয়ে প্রিয় ছিল।

মা অনেকবার বারণ করেছেন সন্ধের পর এখানে না থাকতে। কিন্তু আজ তার মন ভালো ছিল না। সকালে স্কুলে যা ঘটেছিল, সেটা ভুলতে পারছিল না কিছুতেই।

— তাহারি মাঝখানে আমি পেয়েছি মোর স্থান।

তখন বিকেল হয়ে এসেছে। নদীর ধারে পুরনো বটগাছের তলায় বসে সে অনেকক্ষণ চুপ করে ছিল। দূরে মাঠের ওপার থেকে গরুর গাড়ির শব্দ ভেসে আসছিল, আর আকাশে মেঘ জমছিল ধীরে ধীরে।

গ্রামের লোকেরা বলত এই বটগাছের বয়স দুশো বছরেরও বেশি। কেউ কেউ বিশ্বাস করত এখানে রাতে আলো জ্বলে, কিন্তু সে কখনও তা দেখেনি। তবু এই জায়গাটা তার সবচেয়ে প্রিয় ছিল।

মা অনেকবার বারণ করেছেন সন্ধের পর এখানে না থাকতে। কিন্তু আজ তার মন ভালো ছিল না। সকালে স্কুলে যা ঘটেছিল, সেটা ভুলতে পারছিল না কিছুতেই।

তখন বিকেল হয়ে এসেছে। নদীর ধারে পুরনো বটগাছের তলায় বসে সে অনেকক্ষণ চুপ করে ছিল। দূরে মাঠের ওপার থেকে গরুর গাড়ির শব্দ ভেসে আসছিল, আর আকাশে মেঘ জমছিল ধীরে ধীরে।

গ্রামের লোকেরা বলত এই বটগাছের বয়স দুশো বছরেরও বেশি। কেউ কেউ বিশ্বাস করত এখানে রাতে আলো জ্বলে, কিন্তু সে কখনও তা দেখেনি। তবু এই জায়গাটা তার সবচেয়ে প্রিয় ছিল।

— আকাশ ভরা সূর্য তারা, বিশ্ব ভরা প্রাণ,

মা অনেকবার বারণ করেছেন সন্ধের পর এখানে না থাকতে। কিন্তু আজ তার মন ভালো ছিল না। সকালে স্কুলে যা ঘটেছিল, সেটা ভুলতে পারছিল না কিছুতেই।

তখন বিকেল হয়ে এসেছে। নদীর ধারে পুরনো বটগাছের তলায় বসে সে অনেকক্ষণ চুপ করে ছিল। দূরে মাঠের ওপার থেকে গরুর গাড়ির শব্দ ভেসে আসছিল, আর আকাশে মেঘ জমছিল ধীরে ধীরে।

গ্রামের লোকেরা বলত এই বটগাছের বয়স দুশো বছরেরও বেশি। কেউ কেউ বিশ্বাস করত এখানে রাতে আলো জ্বলে, কিন্তু সে কখনও তা দেখেনি। তবু এই জায়গাটা তার সবচেয়ে প্রিয় ছিল।

মা অনেকবার বারণ করেছেন সন্ধের পর এখানে না থাকতে। কিন্তু আজ তার মন ভালো ছিল না। সকালে স্কুলে যা ঘটেছিল, সেটা ভুলতে পারছিল না কিছুতেই।

তখন বিকেল হয়ে এসেছে। নদীর ধারে পুরনো বটগাছের তলায় বসে সে অনেকক্ষণ চুপ করে ছিল। দূরে মাঠের ওপার থেকে গরুর গাড়ির শব্দ ভেসে আসছিল, আর আকাশে মেঘ জমছিল ধীরে ধীরে।

— তাহারি মাঝখানে আমি পেয়েছি মোর স্থান।

গ্রামের লোকেরা বলত এই বটগাছের বয়স দুশো বছরেরও বেশি। কেউ কেউ বিশ্বাস করত এখানে রাতে আলো জ্বলে, কিন্তু সে কখনও তা দেখেনি। তবু এই জায়গাটা তার সবচেয়ে প্রিয় ছিল।

মা অনেকবার বারণ করেছেন সন্ধের পর এখানে না থাকতে। কিন্তু আজ তার মন ভালো ছিল না। সকালে স্কুলে যা ঘটেছিল, সেটা ভুলতে পারছিল না কিছুতেই।

তখন বিকেল হয়ে এসেছে। নদীর ধারে পুরনো বটগাছের তলায় বসে সে অনেকক্ষণ চুপ করে ছিল। দূরে মাঠের ওপার থেকে গরুর গাড়ির শব্দ ভেসে আসছিল, আর আকাশে মেঘ জমছিল ধীরে ধীরে।

গ্রামের লোকেরা বলত এই বটগাছের বয়স দুশো বছরেরও বেশি। কেউ কেউ বিশ্বাস করত এখানে রাতে আলো জ্বলে, কিন্তু সে কখনও তা দেখেনি। তবু এই জায়গাটা তার সবচেয়ে প্রিয় ছিল।

মা অনেকবার বারণ করেছেন সন্ধের পর এখানে না থাকতে। কিন্তু আজ তার মন ভালো ছিল না। সকালে স্কুলে যা ঘটেছিল, সেটা ভুলতে পারছিল না কিছুতেই।

— আকাশ ভরা সূর্য তারা, বিশ্ব ভরা প্রাণ,

তখন বিকেল হয়ে এসেছে। নদীর ধারে পুরনো বটগাছের তলায় বসে সে অনেকক্ষণ চুপ করে ছিল। দূরে মাঠের ওপার থেকে গরুর গাড়ির শব্দ ভেসে আসছিল, আর আকাশে মেঘ জমছিল ধীরে ধীরে।

গ্রামের লোকেরা বলত এই বটগাছের বয়স দুশো বছরেরও বেশি। কেউ কেউ বিশ্বাস করত এখানে রাতে আলো জ্বলে, কিন্তু সে কখনও তা দেখেনি। তবু এই জায়গাটা তার সবচেয়ে প্রিয় ছিল।

মা অনেকবার বারণ করেছেন সন্ধের পর এখানে না থাকতে। কিন্তু আজ তার মন ভালো ছিল না। সকালে স্কুলে যা ঘটেছিল, সেটা ভুলতে পারছিল না কিছুতেই।

তখন বিকেল হয়ে এসেছে। নদীর ধারে পুরনো বটগাছের তলায় বসে সে অনেকক্ষণ চুপ করে ছিল। দূরে মাঠের ওপার থেকে গরুর গাড়ির শব্দ ভেসে আসছিল, আর আকাশে মেঘ জমছিল ধীরে ধীরে।

গ্রামের লোকেরা বলত এই বটগাছের বয়স দুশো বছরেরও বেশি। কেউ কেউ বিশ্বাস করত এখানে রাতে আলো জ্বলে, কিন্তু সে কখনও তা দেখেনি। তবু এই জায়গাটা তার সবচেয়ে প্রিয় ছিল।

— তাহারি মাঝখানে আমি পেয়েছি মোর স্থান।

মা অনেকবার বারণ করেছেন সন্ধের পর এখানে না থাকতে। কিন্তু আজ তার মন ভালো ছিল না। সকালে স্কুলে যা ঘটেছিল, সেটা ভুলতে পারছিল না কিছুতেই।

তখন বিকেল হয়ে এসেছে। নদীর ধারে পুরনো বটগাছের তলায় বসে সে অনেকক্ষণ চুপ করে ছিল। দূরে মাঠের ওপার থেকে গরুর গাড়ির শব্দ ভেসে আসছিল, আর আকাশে মেঘ জমছিল ধীরে ধীরে।

গ্রামের লোকেরা বলত এই বটগাছের বয়স দুশো বছরেরও বেশি। কেউ কেউ বিশ্বাস করত এখানে রাতে আলো জ্বলে, কিন্তু সে কখনও তা দেখেনি। তবু এই জায়গাটা তার সবচেয়ে প্রিয় ছিল।

মা অনেকবার বারণ করেছেন সন্ধের পর এখানে না থাকতে। কিন্তু আজ তার মন ভালো ছিল না। সকালে স্কুলে যা ঘটেছিল, সেটা ভুলতে পারছিল না কিছুতেই।

তখন বিকেল হয়ে এসেছে। নদীর ধারে পুরনো বটগাছের তলায় বসে সে অনেকক্ষণ চুপ করে ছিল। দূরে মাঠের ওপার থেকে গরুর গাড়ির শব্দ ভেসে আসছিল, আর আকাশে মেঘ জমছিল ধীরে ধীরে।

— আকাশ ভরা সূর্য তারা, বিশ্ব ভরা প্রাণ,

গ্রামের লোকেরা বলত এই বটগাছের বয়স দুশো বছরেরও বেশি। কেউ কেউ বিশ্বাস করত এখানে রাতে আলো জ্বলে, কিন্তু সে কখনও তা দেখেনি। তবু এই জায়গাটা তার সবচেয়ে প্রিয় ছিল।

মা অনেকবার বারণ করেছেন সন্ধের পর এখানে না থাকতে। কিন্তু আজ তার মন ভালো ছিল না। সকালে স্কুলে যা ঘটেছিল, সেটা ভুলতে পারছিল না কিছুতেই।

তখন বিকেল হয়ে এসেছে। নদীর ধারে পুরনো বটগাছের তলায় বসে সে অনেকক্ষণ চুপ করে ছিল। দূরে মাঠের ওপার থেকে গরুর গাড়ির শব্দ ভেসে আসছিল, আর আকাশে মেঘ জমছিল ধীরে ধীরে।

গ্রামের লোকেরা বলত এই বটগাছের বয়স দুশো বছরেরও বেশি। কেউ কেউ বিশ্বাস করত এখানে রাতে আলো জ্বলে, কিন্তু সে কখনও তা দেখেনি। তবু এই জায়গাটা তার সবচেয়ে প্রিয় ছিল।

মা অনেকবার বারণ করেছেন সন্ধের পর এখানে না থাকতে। কিন্তু আজ তার মন ভালো ছিল না। সকালে স্কুলে যা ঘটেছিল, সেটা ভুলতে পারছিল না কিছুতেই।

— তাহারি মাঝখানে আমি পেয়েছি মোর স্থান।

তখন বিকেল হয়ে এসেছে। নদীর ধারে পুরনো বটগাছের তলায় বসে সে অনেকক্ষণ চুপ করে ছিল। দূরে মাঠের ওপার থেকে গরুর গাড়ির শব্দ ভেসে আসছিল, আর আকাশে মেঘ জমছিল ধীরে ধীরে।

গ্রামের লোকেরা বলত এই বটগাছের বয়স দুশো বছরেরও বেশি। কেউ কেউ বিশ্বাস করত এখানে রাতে আলো জ্বলে, কিন্তু সে কখনও তা দেখেনি। তবু এই জায়গাটা তার সবচেয়ে প্রিয় ছিল।

মা অনেকবার বারণ করেছেন সন্ধের পর এখানে না থাকতে। কিন্তু আজ তার মন ভালো ছিল না। সকালে স্কুলে যা ঘটেছিল, সেটা ভুলতে পারছিল না কিছুতেই।

তখন বিকেল হয়ে এসেছে। নদীর ধারে পুরনো বটগাছের তলায় বসে সে অনেকক্ষণ চুপ করে ছিল। দূরে মাঠের ওপার থেকে গরুর গাড়ির শব্দ ভেসে আসছিল, আর আকাশে মেঘ জমছিল ধীরে ধীরে।

গ্রামের লোকেরা বলত এই বটগাছের বয়স দুশো বছরেরও বেশি। কেউ কেউ বিশ্বাস করত এখানে রাতে আলো জ্বলে, কিন্তু সে কখনও তা দেখেনি। তবু এই জায়গাটা তার সবচেয়ে প্রিয় ছিল।

— আকাশ ভরা সূর্য তারা, বিশ্ব ভরা প্রাণ,

মা অনেকবার বারণ করেছেন সন্ধের পর এখানে না থাকতে। কিন্তু আজ তার মন ভালো ছিল না। সকালে স্কুলে যা ঘটেছিল, সেটা ভুলতে পারছিল না কিছুতেই।

তখন বিকেল হয়ে এসেছে। নদীর ধারে পুরনো বটগাছের তলায় বসে সে অনেকক্ষণ চুপ করে ছিল। দূরে মাঠের ওপার থেকে গরুর গাড়ির শব্দ ভেসে আসছিল, আর আকাশে মেঘ জমছিল ধীরে ধীরে।

গ্রামের লোকেরা বলত এই বটগাছের বয়স দুশো বছরেরও বেশি। কেউ কেউ বিশ্বাস করত এখানে রাতে আলো জ্বলে, কিন্তু সে কখনও তা দেখেনি। তবু এই জায়গাটা তার সবচেয়ে প্রিয় ছিল।

মা অনেকবার বারণ করেছেন সন্ধের পর এখানে না থাকতে। কিন্তু আজ তার মন ভালো ছিল না। সকালে স্কুলে যা ঘটেছিল, সেটা ভুলতে পারছিল না কিছুতেই।

তখন বিকেল হয়ে এসেছে। নদীর ধারে পুরনো বটগাছের তলায় বসে সে অনেকক্ষণ চুপ করে ছিল। দূরে মাঠের ওপার থেকে গরুর গাড়ির শব্দ ভেসে আসছিল, আর আকাশে মেঘ জমছিল ধীরে ধীরে।

— তাহারি মাঝখানে আমি পেয়েছি মোর স্থান।

গ্রামের লোকেরা বলত এই বটগাছের বয়স দুশো বছরেরও বেশি। কেউ কেউ বিশ্বাস করত এখানে রাতে আলো জ্বলে, কিন্তু সে কখনও তা দেখেনি। তবু এই জায়গাটা তার সবচেয়ে প্রিয় ছিল।

মা অনেকবার বারণ করেছেন সন্ধের পর এখানে না থাকতে। কিন্তু আজ তার মন ভালো ছিল না। সকালে স্কুলে যা ঘটেছিল, সেটা ভুলতে পারছিল না কিছুতেই।

তখন বিকেল হয়ে এসেছে। নদীর ধারে পুরনো বটগাছের তলায় বসে সে অনেকক্ষণ চুপ করে ছিল। দূরে মাঠের ওপার থেকে গরুর গাড়ির শব্দ ভেসে আসছিল, আর আকাশে মেঘ জমছিল ধীরে ধীরে।

গ্রামের লোকেরা বলত এই বটগাছের বয়স দুশো বছরেরও বেশি। কেউ কেউ বিশ্বাস করত এখানে রাতে আলো জ্বলে, কিন্তু সে কখনও তা দেখেনি। তবু এই জায়গাটা তার সবচেয়ে প্রিয় ছিল।

মা অনেকবার বারণ করেছেন সন্ধের পর এখানে না থাকতে। কিন্তু আজ তার মন ভালো ছিল না। সকালে স্কুলে যা ঘটেছিল, সেটা ভুলতে পারছিল না কিছুতেই।

— আকাশ ভরা সূর্য তারা, বিশ্ব ভরা প্রাণ,

তখন বিকেল হয়ে এসেছে। নদীর ধারে পুরনো বটগাছের তলায় বসে সে অনেকক্ষণ চুপ করে ছিল। দূরে মাঠের ওপার থেকে গরুর গাড়ির শব্দ ভেসে আসছিল, আর আকাশে মেঘ জমছিল ধীরে ধীরে।

গ্রামের লোকেরা বলত এই বটগাছের বয়স দুশো বছরেরও বেশি। কেউ কেউ বিশ্বাস করত এখানে রাতে আলো জ্বলে, কিন্তু সে কখনও তা দেখেনি। তবু এই জায়গাটা তার সবচেয়ে প্রিয় ছিল।

মা অনেকবার বারণ করেছেন সন্ধের পর এখানে না থাকতে। কিন্তু আজ তার মন ভালো ছিল না। সকালে স্কুলে যা ঘটেছিল, সেটা ভুলতে পারছিল না কিছুতেই।

তখন বিকেল হয়ে এসেছে। নদীর ধারে পুরনো বটগাছের তলায় বসে সে অনেকক্ষণ চুপ করে ছিল। দূরে মাঠের ওপার থেকে গরুর গাড়ির শব্দ ভেসে আসছিল, আর আকাশে মেঘ জমছিল ধীরে ধীরে।

গ্রামের লোকেরা বলত এই বটগাছের বয়স দুশো বছরেরও বেশি। কেউ কেউ বিশ্বাস করত এখানে রাতে আলো জ্বলে, কিন্তু সে কখনও তা দেখেনি। তবু এই জায়গাটা তার সবচেয়ে প্রিয় ছিল।

— তাহারি মাঝখানে আমি পেয়েছি মোর স্থান।

মা অনেকবার বারণ করেছেন সন্ধের পর এখানে না থাকতে। কিন্তু আজ তার মন ভালো ছিল না। সকালে স্কুলে যা ঘটেছিল, সেটা ভুলতে পারছিল না কিছুতেই।

তখন বিকেল হয়ে এসেছে। নদীর ধারে পুরনো বটগাছের তলায় বসে সে অনেকক্ষণ চুপ করে ছিল। দূরে মাঠের ওপার থেকে গরুর গাড়ির শব্দ ভেসে আসছিল, আর আকাশে মেঘ জমছিল ধীরে ধীরে।

গ্রামের লোকেরা বলত এই বটগাছের বয়স দুশো বছরেরও বেশি। কেউ কেউ বিশ্বাস করত এখানে রাতে আলো জ্বলে, কিন্তু সে কখনও তা দেখেনি। তবু এই জায়গাটা তার সবচেয়ে প্রিয় ছিল।

মা অনেকবার বারণ করেছেন সন্ধের পর এখানে না থাকতে। কিন্তু আজ তার মন ভালো ছিল না। সকালে স্কুলে যা ঘটেছিল, সেটা ভুলতে পারছিল না কিছুতেই।

তখন বিকেল হয়ে এসেছে। নদীর ধারে পুরনো বটগাছের তলায় বসে সে অনেকক্ষণ চুপ করে ছিল। দূরে মাঠের ওপার থেকে গরুর গাড়ির শব্দ ভেসে আসছিল, আর আকাশে মেঘ জমছিল ধীরে ধীরে।

— আকাশ ভরা সূর্য তারা, বিশ্ব ভরা প্রাণ,

গ্রামের লোকেরা বলত এই বটগাছের বয়স দুশো বছরেরও বেশি। কেউ কেউ বিশ্বাস করত এখানে রাতে আলো জ্বলে, কিন্তু সে কখনও তা দেখেনি। তবু এই জায়গাটা তার সবচেয়ে প্রিয় ছিল।

মা অনেকবার বারণ করেছেন সন্ধের পর এখানে না থাকতে। কিন্তু আজ তার মন ভালো ছিল না। সকালে স্কুলে যা ঘটেছিল, সেটা ভুলতে পারছিল না কিছুতেই।

তখন বিকেল হয়ে এসেছে। নদীর ধারে পুরনো বটগাছের তলায় বসে সে অনেকক্ষণ চুপ করে ছিল। দূরে মাঠের ওপার থেকে গরুর গাড়ির শব্দ ভেসে আসছিল, আর আকাশে মেঘ জমছিল ধীরে ধীরে।

গ্রামের লোকেরা বলত এই বটগাছের বয়স দুশো বছরেরও বেশি। কেউ কেউ বিশ্বাস করত এখানে রাতে আলো জ্বলে, কিন্তু সে কখনও তা দেখেনি। তবু এই জায়গাটা তার সবচেয়ে প্রিয় ছিল।

মা অনেকবার বারণ করেছেন সন্ধের পর এখানে না থাকতে। কিন্তু আজ তার মন ভালো ছিল না। সকালে স্কুলে যা ঘটেছিল, সেটা ভুলতে পারছিল না কিছুতেই।

— তাহারি মাঝখানে আমি পেয়েছি মোর স্থান।

তখন বিকেল হয়ে এসেছে। নদীর ধারে পুরনো বটগাছের তলায় বসে সে অনেকক্ষণ চুপ করে ছিল। দূরে মাঠের ওপার থেকে গরুর গাড়ির শব্দ ভেসে আসছিল, আর আকাশে মেঘ জমছিল ধীরে ধীরে।

গ্রামের লোকেরা বলত এই বটগাছের বয়স দুশো বছরেরও বেশি। কেউ কেউ বিশ্বাস করত এখানে রাতে আলো জ্বলে, কিন্তু সে কখনও তা দেখেনি। তবু এই জায়গাটা তার সবচেয়ে প্রিয় ছিল।

মা অনেকবার বারণ করেছেন সন্ধের পর এখানে না থাকতে। কিন্তু আজ তার মন ভালো ছিল না। সকালে স্কুলে যা ঘটেছিল, সেটা ভুলতে পারছিল না কিছুতেই।

তখন বিকেল হয়ে এসেছে। নদীর ধারে পুরনো বটগাছের তলায় বসে সে অনেকক্ষণ চুপ করে ছিল। দূরে মাঠের ওপার থেকে গরুর গাড়ির শব্দ ভেসে আসছিল, আর আকাশে মেঘ জমছিল ধীরে ধীরে।

গ্রামের লোকেরা বলত এই বটগাছের বয়স দুশো বছরেরও বেশি। কেউ কেউ বিশ্বাস করত এখানে রাতে আলো জ্বলে, কিন্তু সে কখনও তা দেখেনি। তবু এই জায়গাটা তার সবচেয়ে প্রিয় ছিল।

— আকাশ ভরা সূর্য তারা, বিশ্ব ভরা প্রাণ,

মা অনেকবার বারণ করেছেন সন্ধের পর এখানে না থাকতে। কিন্তু আজ তার মন ভালো ছিল না। সকালে স্কুলে যা ঘটেছিল, সেটা ভুলতে পারছিল না কিছুতেই।

তখন বিকেল হয়ে এসেছে। নদীর ধারে পুরনো বটগাছের তলায় বসে সে অনেকক্ষণ চুপ করে ছিল। দূরে মাঠের ওপার থেকে গরুর গাড়ির শব্দ ভেসে আসছিল, আর আকাশে মেঘ জমছিল ধীরে ধীরে।

গ্রামের লোকেরা বলত এই বটগাছের বয়স দুশো বছরেরও বেশি। কেউ কেউ বিশ্বাস করত এখানে রাতে আলো জ্বলে, কিন্তু সে কখনও তা দেখেনি। তবু এই জায়গাটা তার সবচেয়ে প্রিয় ছিল।

মা অনেকবার বারণ করেছেন সন্ধের পর এখানে না থাকতে। কিন্তু আজ তার মন ভালো ছিল না। সকালে স্কুলে যা ঘটেছিল, সেটা ভুলতে পারছিল না কিছুতেই।

তখন বিকেল হয়ে এসেছে। নদীর ধারে পুরনো বটগাছের তলায় বসে সে অনেকক্ষণ চুপ করে ছিল। দূরে মাঠের ওপার থেকে গরুর গাড়ির শব্দ ভেসে আসছিল, আর আকাশে মেঘ জমছিল ধীরে ধীরে।

— তাহারি মাঝখানে আমি পেয়েছি মোর স্থান।

গ্রামের লোকেরা বলত এই বটগাছের বয়স দুশো বছরেরও বেশি। কেউ কেউ বিশ্বাস করত এখানে রাতে আলো জ্বলে, কিন্তু সে কখনও তা দেখেনি। তবু এই জায়গাটা তার সবচেয়ে প্রিয় ছিল।

মা অনেকবার বারণ করেছেন সন্ধের পর এখানে না থাকতে। কিন্তু আজ তার মন ভালো ছিল না। সকালে স্কুলে যা ঘটেছিল, সেটা ভুলতে পারছিল না কিছুতেই।

তখন বিকেল হয়ে এসেছে। নদীর ধারে পুরনো বটগাছের তলায় বসে সে অনেকক্ষণ চুপ করে ছিল। দূরে মাঠের ওপার থেকে গরুর গাড়ির শব্দ ভেসে আসছিল, আর আকাশে মেঘ জমছিল ধীরে ধীরে।

গ্রামের লোকেরা বলত এই বটগাছের বয়স দুশো বছরেরও বেশি। কেউ কেউ বিশ্বাস করত এখানে রাতে আলো জ্বলে, কিন্তু সে কখনও তা দেখেনি। তবু এই জায়গাটা তার সবচেয়ে প্রিয় ছিল।

মা অনেকবার বারণ করেছেন সন্ধের পর এখানে না থাকতে। কিন্তু আজ তার মন ভালো ছিল না। সকালে স্কুলে যা ঘটেছিল, সেটা ভুলতে পারছিল না কিছুতেই।

— আকাশ ভরা সূর্য তারা, বিশ্ব ভরা প্রাণ,

তখন বিকেল হয়ে এসেছে। নদীর ধারে পুরনো বটগাছের তলায় বসে সে অনেকক্ষণ চুপ করে ছিল। দূরে মাঠের ওপার থেকে গরুর গাড়ির শব্দ ভেসে আসছিল, আর আকাশে মেঘ জমছিল ধীরে ধীরে।

গ্রামের লোকেরা বলত এই বটগাছের বয়স দুশো বছরেরও বেশি। কেউ কেউ বিশ্বাস করত এখানে রাতে আলো জ্বলে, কিন্তু সে কখনও তা দেখেনি। তবু এই জায়গাটা তার সবচেয়ে প্রিয় ছিল।

মা অনেকবার বারণ করেছেন সন্ধের পর এখানে না থাকতে। কিন্তু আজ তার মন ভালো ছিল না। সকালে স্কুলে যা ঘটেছিল, সেটা ভুলতে পারছিল না কিছুতেই।

তখন বিকেল হয়ে এসেছে। নদীর ধারে পুরনো বটগাছের তলায় বসে সে অনেকক্ষণ চুপ করে ছিল। দূরে মাঠের ওপার থেকে গরুর গাড়ির শব্দ ভেসে আসছিল, আর আকাশে মেঘ জমছিল ধীরে ধীরে।

গ্রামের লোকেরা বলত এই বটগাছের বয়স দুশো বছরেরও বেশি। কেউ কেউ বিশ্বাস করত এখানে রাতে আলো জ্বলে, কিন্তু সে কখনও তা দেখেনি। তবু এই জায়গাটা তার সবচেয়ে প্রিয় ছিল।

— তাহারি মাঝখানে আমি পেয়েছি মোর স্থান।

মা অনেকবার বারণ করেছেন সন্ধের পর এখানে না থাকতে। কিন্তু আজ তার মন ভালো ছিল না। সকালে স্কুলে যা ঘটেছিল, সেটা ভুলতে পারছিল না কিছুতেই।

তখন বিকেল হয়ে এসেছে। নদীর ধারে পুরনো বটগাছের তলায় বসে সে অনেকক্ষণ চুপ করে ছিল। দূরে মাঠের ওপার থেকে গরুর গাড়ির শব্দ ভেসে আসছিল, আর আকাশে মেঘ জমছিল ধীরে ধীরে।

গ্রামের লোকেরা বলত এই বটগাছের বয়স দুশো বছরেরও বেশি। কেউ কেউ বিশ্বাস করত এখানে রাতে আলো জ্বলে, কিন্তু সে কখনও তা দেখেনি। তবু এই জায়গাটা তার সবচেয়ে প্রিয় ছিল।

মা অনেকবার বারণ করেছেন সন্ধের পর এখানে না থাকতে। কিন্তু আজ তার মন ভালো ছিল না। সকালে স্কুলে যা ঘটেছিল, সেটা ভুলতে পারছিল না কিছুতেই।

তখন বিকেল হয়ে এসেছে। নদীর ধারে পুরনো বটগাছের তলায় বসে সে অনেকক্ষণ চুপ করে ছিল। দূরে মাঠের ওপার থেকে গরুর গাড়ির শব্দ ভেসে আসছিল, আর আকাশে মেঘ জমছিল ধীরে ধীরে।

— আকাশ ভরা সূর্য তারা, বিশ্ব ভরা প্রাণ,

গ্রামের লোকেরা বলত এই বটগাছের বয়স দুশো বছরেরও বেশি। কেউ কেউ বিশ্বাস করত এখানে রাতে আলো জ্বলে, কিন্তু সে কখনও তা দেখেনি। তবু এই জায়গাটা তার সবচেয়ে প্রিয় ছিল।

মা অনেকবার বারণ করেছেন সন্ধের পর এখানে না থাকতে। কিন্তু আজ তার মন ভালো ছিল না। সকালে স্কুলে যা ঘটেছিল, সেটা ভুলতে পারছিল না কিছুতেই।

তখন বিকেল হয়ে এসেছে। নদীর ধারে পুরনো বটগাছের তলায় বসে সে অনেকক্ষণ চুপ করে ছিল। দূরে মাঠের ওপার থেকে গরুর গাড়ির শব্দ ভেসে আসছিল, আর আকাশে মেঘ জমছিল ধীরে ধীরে।

গ্রামের লোকেরা বলত এই বটগাছের বয়স দুশো বছরেরও বেশি। কেউ কেউ বিশ্বাস করত এখানে রাতে আলো জ্বলে, কিন্তু সে কখনও তা দেখেনি। তবু এই জায়গাটা তার সবচেয়ে প্রিয় ছিল।

মা অনেকবার বারণ করেছেন সন্ধের পর এখানে না থাকতে। কিন্তু আজ তার মন ভালো ছিল না। সকালে স্কুলে যা ঘটেছিল, সেটা ভুলতে পারছিল না কিছুতেই।

— তাহারি মাঝখানে আমি পেয়েছি মোর স্থান।

তখন বিকেল হয়ে এসেছে। নদীর ধারে পুরনো বটগাছের তলায় বসে সে অনেকক্ষণ চুপ করে ছিল। দূরে মাঠের ওপার থেকে গরুর গাড়ির শব্দ ভেসে আসছিল, আর আকাশে মেঘ জমছিল ধীরে ধীরে।

গ্রামের লোকেরা বলত এই বটগাছের বয়স দুশো বছরেরও বেশি। কেউ কেউ বিশ্বাস করত এখানে রাতে আলো জ্বলে, কিন্তু সে কখনও তা দেখেনি। তবু এই জায়গাটা তার সবচেয়ে প্রিয় ছিল।

মা অনেকবার বারণ করেছেন সন্ধের পর এখানে না থাকতে। কিন্তু আজ তার মন ভালো ছিল না। সকালে স্কুলে যা ঘটেছিল, সেটা ভুলতে পারছিল না কিছুতেই।

তখন বিকেল হয়ে এসেছে। নদীর ধারে পুরনো বটগাছের তলায় বসে সে অনেকক্ষণ চুপ করে ছিল। দূরে মাঠের ওপার থেকে গরুর গাড়ির শব্দ ভেসে আসছিল, আর আকাশে মেঘ জমছিল ধীরে ধীরে।

গ্রামের লোকেরা বলত এই বটগাছের বয়স দুশো বছরেরও বেশি। কেউ কেউ বিশ্বাস করত এখানে রাতে আলো জ্বলে, কিন্তু সে কখনও তা দেখেনি। তবু এই জায়গাটা তার সবচেয়ে প্রিয় ছিল।

— আকাশ ভরা সূর্য তারা, বিশ্ব ভরা প্রাণ,

মা অনেকবার বারণ করেছেন সন্ধের পর এখানে না থাকতে। কিন্তু আজ তার মন ভালো ছিল না। সকালে স্কুলে যা ঘটেছিল, সেটা ভুলতে পারছিল না কিছুতেই।

তখন বিকেল হয়ে এসেছে। নদীর ধারে পুরনো বটগাছের তলায় বসে সে অনেকক্ষণ চুপ করে ছিল। দূরে মাঠের ওপার থেকে গরুর গাড়ির শব্দ ভেসে আসছিল, আর আকাশে মেঘ জমছিল ধীরে ধীরে।

গ্রামের লোকেরা বলত এই বটগাছের বয়স দুশো বছরেরও বেশি। কেউ কেউ বিশ্বাস করত এখানে রাতে আলো জ্বলে, কিন্তু সে কখনও তা দেখেনি। তবু এই জায়গাটা তার সবচেয়ে প্রিয় ছিল।

মা অনেকবার বারণ করেছেন সন্ধের পর এখানে না থাকতে। কিন্তু আজ তার মন ভালো ছিল না। সকালে স্কুলে যা ঘটেছিল, সেটা ভুলতে পারছিল না কিছুতেই।

তখন বিকেল হয়ে এসেছে। নদীর ধারে পুরনো বটগাছের তলায় বসে সে অনেকক্ষণ চুপ করে ছিল। দূরে মাঠের ওপার থেকে গরুর গাড়ির শব্দ ভেসে আসছিল, আর আকাশে মেঘ জমছিল ধীরে ধীরে।

— তাহারি মাঝখানে আমি পেয়েছি মোর স্থান।

গ্রামের লোকেরা বলত এই বটগাছের বয়স দুশো বছরেরও বেশি। কেউ কেউ বিশ্বাস করত এখানে রাতে আলো জ্বলে, কিন্তু সে কখনও তা দেখেনি। তবু এই জায়গাটা তার সবচেয়ে প্রিয় ছিল।

মা অনেকবার বারণ করেছেন সন্ধের পর এখানে না থাকতে। কিন্তু আজ তার মন ভালো ছিল না। সকালে স্কুলে যা ঘটেছিল, সেটা ভুলতে পারছিল না কিছুতেই।

তখন বিকেল হয়ে এসেছে। নদীর ধারে পুরনো বটগাছের তলায় বসে সে অনেকক্ষণ চুপ করে ছিল। দূরে মাঠের ওপার থেকে গরুর গাড়ির শব্দ ভেসে আসছিল, আর আকাশে মেঘ জমছিল ধীরে ধীরে।

গ্রামের লোকেরা বলত এই বটগাছের বয়স দুশো বছরেরও বেশি। কেউ কেউ বিশ্বাস করত এখানে রাতে আলো জ্বলে, কিন্তু সে কখনও তা দেখেনি। তবু এই জায়গাটা তার সবচেয়ে প্রিয় ছিল।

মা অনেকবার বারণ করেছেন সন্ধের পর এখানে না থাকতে। কিন্তু আজ তার মন ভালো ছিল না। সকালে স্কুলে যা ঘটেছিল, সেটা ভুলতে পারছিল না কিছুতেই।

— আকাশ ভরা সূর্য তারা, বিশ্ব ভরা প্রাণ,

তখন বিকেল হয়ে এসেছে। নদীর ধারে পুরনো বটগাছের তলায় বসে সে অনেকক্ষণ চুপ করে ছিল। দূরে মাঠের ওপার থেকে গরুর গাড়ির শব্দ ভেসে আসছিল, আর আকাশে মেঘ জমছিল ধীরে ধীরে।

গ্রামের লোকেরা বলত এই বটগাছের বয়স দুশো বছরেরও বেশি। কেউ কেউ বিশ্বাস করত এখানে রাতে আলো জ্বলে, কিন্তু সে কখনও তা দেখেনি। তবু এই জায়গাটা তার সবচেয়ে প্রিয় ছিল।

মা অনেকবার বারণ করেছেন সন্ধের পর এখানে না থাকতে। কিন্তু আজ তার মন ভালো ছিল না। সকালে স্কুলে যা ঘটেছিল, সেটা ভুলতে পারছিল না কিছুতেই।

তখন বিকেল হয়ে এসেছে। নদীর ধারে পুরনো বটগাছের তলায় বসে সে অনেকক্ষণ চুপ করে ছিল। দূরে মাঠের ওপার থেকে গরুর গাড়ির শব্দ ভেসে আসছিল, আর আকাশে মেঘ জমছিল ধীরে ধীরে।

গ্রামের লোকেরা বলত এই বটগাছের বয়স দুশো বছরেরও বেশি। কেউ কেউ বিশ্বাস করত এখানে রাতে আলো জ্বলে, কিন্তু সে কখনও তা দেখেনি। তবু এই জায়গাটা তার সবচেয়ে প্রিয় ছিল।

— তাহারি মাঝখানে আমি পেয়েছি মোর স্থান।

মা অনেকবার বারণ করেছেন সন্ধের পর এখানে না থাকতে। কিন্তু আজ তার মন ভালো ছিল না। সকালে স্কুলে যা ঘটেছিল, সেটা ভুলতে পারছিল না কিছুতেই।

তখন বিকেল হয়ে এসেছে। নদীর ধারে পুরনো বটগাছের তলায় বসে সে অনেকক্ষণ চুপ করে ছিল। দূরে মাঠের ওপার থেকে গরুর গাড়ির শব্দ ভেসে আসছিল, আর আকাশে মেঘ জমছিল ধীরে ধীরে।

গ্রামের লোকেরা বলত এই বটগাছের বয়স দুশো বছরেরও বেশি। কেউ কেউ বিশ্বাস করত এখানে রাতে আলো জ্বলে, কিন্তু সে কখনও তা দেখেনি। তবু এই জায়গাটা তার সবচেয়ে প্রিয় ছিল।

মা অনেকবার বারণ করেছেন সন্ধের পর এখানে না থাকতে। কিন্তু আজ তার মন ভালো ছিল না। সকালে স্কুলে যা ঘটেছিল, সেটা ভুলতে পারছিল না কিছুতেই।

তখন বিকেল হয়ে এসেছে। নদীর ধারে পুরনো বটগাছের তলায় বসে সে অনেকক্ষণ চুপ করে ছিল। দূরে মাঠের ওপার থেকে গরুর গাড়ির শব্দ ভেসে আসছিল, আর আকাশে মেঘ জমছিল ধীরে ধীরে।

— আকাশ ভরা সূর্য তারা, বিশ্ব ভরা প্রাণ,

গ্রামের লোকেরা বলত এই বটগাছের বয়স দুশো বছরেরও বেশি। কেউ কেউ বিশ্বাস করত এখানে রাতে আলো জ্বলে, কিন্তু সে কখনও তা দেখেনি। তবু এই জায়গাটা তার সবচেয়ে প্রিয় ছিল।

মা অনেকবার বারণ করেছেন সন্ধের পর এখানে না থাকতে। কিন্তু আজ তার মন ভালো ছিল না। সকালে স্কুলে যা ঘটেছিল, সেটা ভুলতে পারছিল না কিছুতেই।

তখন বিকেল হয়ে এসেছে। নদীর ধারে পুরনো বটগাছের তলায় বসে সে অনেকক্ষণ চুপ করে ছিল। দূরে মাঠের ওপার থেকে গরুর গাড়ির শব্দ ভেসে আসছিল, আর আকাশে মেঘ জমছিল ধীরে ধীরে।

গ্রামের লোকেরা বলত এই বটগাছের বয়স দুশো বছরেরও বেশি। কেউ কেউ বিশ্বাস করত এখানে রাতে আলো জ্বলে, কিন্তু সে কখনও তা দেখেনি। তবু এই জায়গাটা তার সবচেয়ে প্রিয় ছিল।

মা অনেকবার বারণ করেছেন সন্ধের পর এখানে না থাকতে। কিন্তু আজ তার মন ভালো ছিল না। সকালে স্কুলে যা ঘটেছিল, সেটা ভুলতে পারছিল না কিছুতেই।

— তাহারি মাঝখানে আমি পেয়েছি মোর স্থান।

তখন বিকেল হয়ে এসেছে। নদীর ধারে পুরনো বটগাছের তলায় বসে সে অনেকক্ষণ চুপ করে ছিল। দূরে মাঠের ওপার থেকে গরুর গাড়ির শব্দ ভেসে আসছিল, আর আকাশে মেঘ জমছিল ধীরে ধীরে।

গ্রামের লোকেরা বলত এই বটগাছের বয়স দুশো বছরেরও বেশি। কেউ কেউ বিশ্বাস করত এখানে রাতে আলো জ্বলে, কিন্তু সে কখনও তা দেখেনি। তবু এই জায়গাটা তার সবচেয়ে প্রিয় ছিল।

মা অনেকবার বারণ করেছেন সন্ধের পর এখানে না থাকতে। কিন্তু আজ তার মন ভালো ছিল না। সকালে স্কুলে যা ঘটেছিল, সেটা ভুলতে পারছিল না কিছুতেই।

তখন বিকেল হয়ে এসেছে। নদীর ধারে পুরনো বটগাছের তলায় বসে সে অনেকক্ষণ চুপ করে ছিল। দূরে মাঠের ওপার থেকে গরুর গাড়ির শব্দ ভেসে আসছিল, আর আকাশে মেঘ জমছিল ধীরে ধীরে।

গ্রামের লোকেরা বলত এই বটগাছের বয়স দুশো বছরেরও বেশি। কেউ কেউ বিশ্বাস করত এখানে রাতে আলো জ্বলে, কিন্তু সে কখনও তা দেখেনি। তবু এই জায়গাটা তার সবচেয়ে প্রিয় ছিল।

— আকাশ ভরা সূর্য তারা, বিশ্ব ভরা প্রাণ,

মা অনেকবার বারণ করেছেন সন্ধের পর এখানে না থাকতে। কিন্তু আজ তার মন ভালো ছিল না। সকালে স্কুলে যা ঘটেছিল, সেটা ভুলতে পারছিল না কিছুতেই।

তখন বিকেল হয়ে এসেছে। নদীর ধারে পুরনো বটগাছের তলায় বসে সে অনেকক্ষণ চুপ করে ছিল। দূরে মাঠের ওপার থেকে গরুর গাড়ির শব্দ ভেসে আসছিল, আর আকাশে মেঘ জমছিল ধীরে ধীরে।

গ্রামের লোকেরা বলত এই বটগাছের বয়স দুশো বছরেরও বেশি। কেউ কেউ বিশ্বাস করত এখানে রাতে আলো জ্বলে, কিন্তু সে কখনও তা দেখেনি। তবু এই জায়গাটা তার সবচেয়ে প্রিয় ছিল।

মা অনেকবার বারণ করেছেন সন্ধের পর এখানে না থাকতে। কিন্তু আজ তার মন ভালো ছিল না। সকালে স্কুলে যা ঘটেছিল, সেটা ভুলতে পারছিল না কিছুতেই।

তখন বিকেল হয়ে এসেছে। নদীর ধারে পুরনো বটগাছের তলায় বসে সে অনেকক্ষণ চুপ করে ছিল। দূরে মাঠের ওপার থেকে গরুর গাড়ির শব্দ ভেসে আসছিল, আর আকাশে মেঘ জমছিল ধীরে ধীরে।

— তাহারি মাঝখানে আমি পেয়েছি মোর স্থান।

গ্রামের লোকেরা বলত এই বটগাছের বয়স দুশো বছরেরও বেশি। কেউ কেউ বিশ্বাস করত এখানে রাতে আলো জ্বলে, কিন্তু সে কখনও তা দেখেনি। তবু এই জায়গাটা তার সবচেয়ে প্রিয় ছিল।

মা অনেকবার বারণ করেছেন সন্ধের পর এখানে না থাকতে। কিন্তু আজ তার মন ভালো ছিল না। সকালে স্কুলে যা ঘটেছিল, সেটা ভুলতে পারছিল না কিছুতেই।

তখন বিকেল হয়ে এসেছে। নদীর ধারে পুরনো বটগাছের তলায় বসে সে অনেকক্ষণ চুপ করে ছিল। দূরে মাঠের ওপার থেকে গরুর গাড়ির শব্দ ভেসে আসছিল, আর আকাশে মেঘ জমছিল ধীরে ধীরে।

গ্রামের লোকেরা বলত এই বটগাছের বয়স দুশো বছরেরও বেশি। কেউ কেউ বিশ্বাস করত এখানে রাতে আলো জ্বলে, কিন্তু সে কখনও তা দেখেনি। তবু এই জায়গাটা তার সবচেয়ে প্রিয় ছিল।

মা অনেকবার বারণ করেছেন সন্ধের পর এখানে না থাকতে। কিন্তু আজ তার মন ভালো ছিল না। সকালে স্কুলে যা ঘটেছিল, সেটা ভুলতে পারছিল না কিছুতেই।

— আকাশ ভরা সূর্য তারা, বিশ্ব ভরা প্রাণ,

তখন বিকেল হয়ে এসেছে। নদীর ধারে পুরনো বটগাছের তলায় বসে সে অনেকক্ষণ চুপ করে ছিল। দূরে মাঠের ওপার থেকে গরুর গাড়ির শব্দ ভেসে আসছিল, আর আকাশে মেঘ জমছিল ধীরে ধীরে।

গ্রামের লোকেরা বলত এই বটগাছের বয়স দুশো বছরেরও বেশি। কেউ কেউ বিশ্বাস করত এখানে রাতে আলো জ্বলে, কিন্তু সে কখনও তা দেখেনি। তবু এই জায়গাটা তার সবচেয়ে প্রিয় ছিল।

মা অনেকবার বারণ করেছেন সন্ধের পর এখানে না থাকতে। কিন্তু আজ তার মন ভালো ছিল না। সকালে স্কুলে যা ঘটেছিল, সেটা ভুলতে পারছিল না কিছুতেই।

তখন বিকেল হয়ে এসেছে। নদীর ধারে পুরনো বটগাছের তলায় বসে সে অনেকক্ষণ চুপ করে ছিল। দূরে মাঠের ওপার থেকে গরুর গাড়ির শব্দ ভেসে আসছিল, আর আকাশে মেঘ জমছিল ধীরে ধীরে।

গ্রামের লোকেরা বলত এই বটগাছের বয়স দুশো বছরেরও বেশি। কেউ কেউ বিশ্বাস করত এখানে রাতে আলো জ্বলে, কিন্তু সে কখনও তা দেখেনি। তবু এই জায়গাটা তার সবচেয়ে প্রিয় ছিল।
